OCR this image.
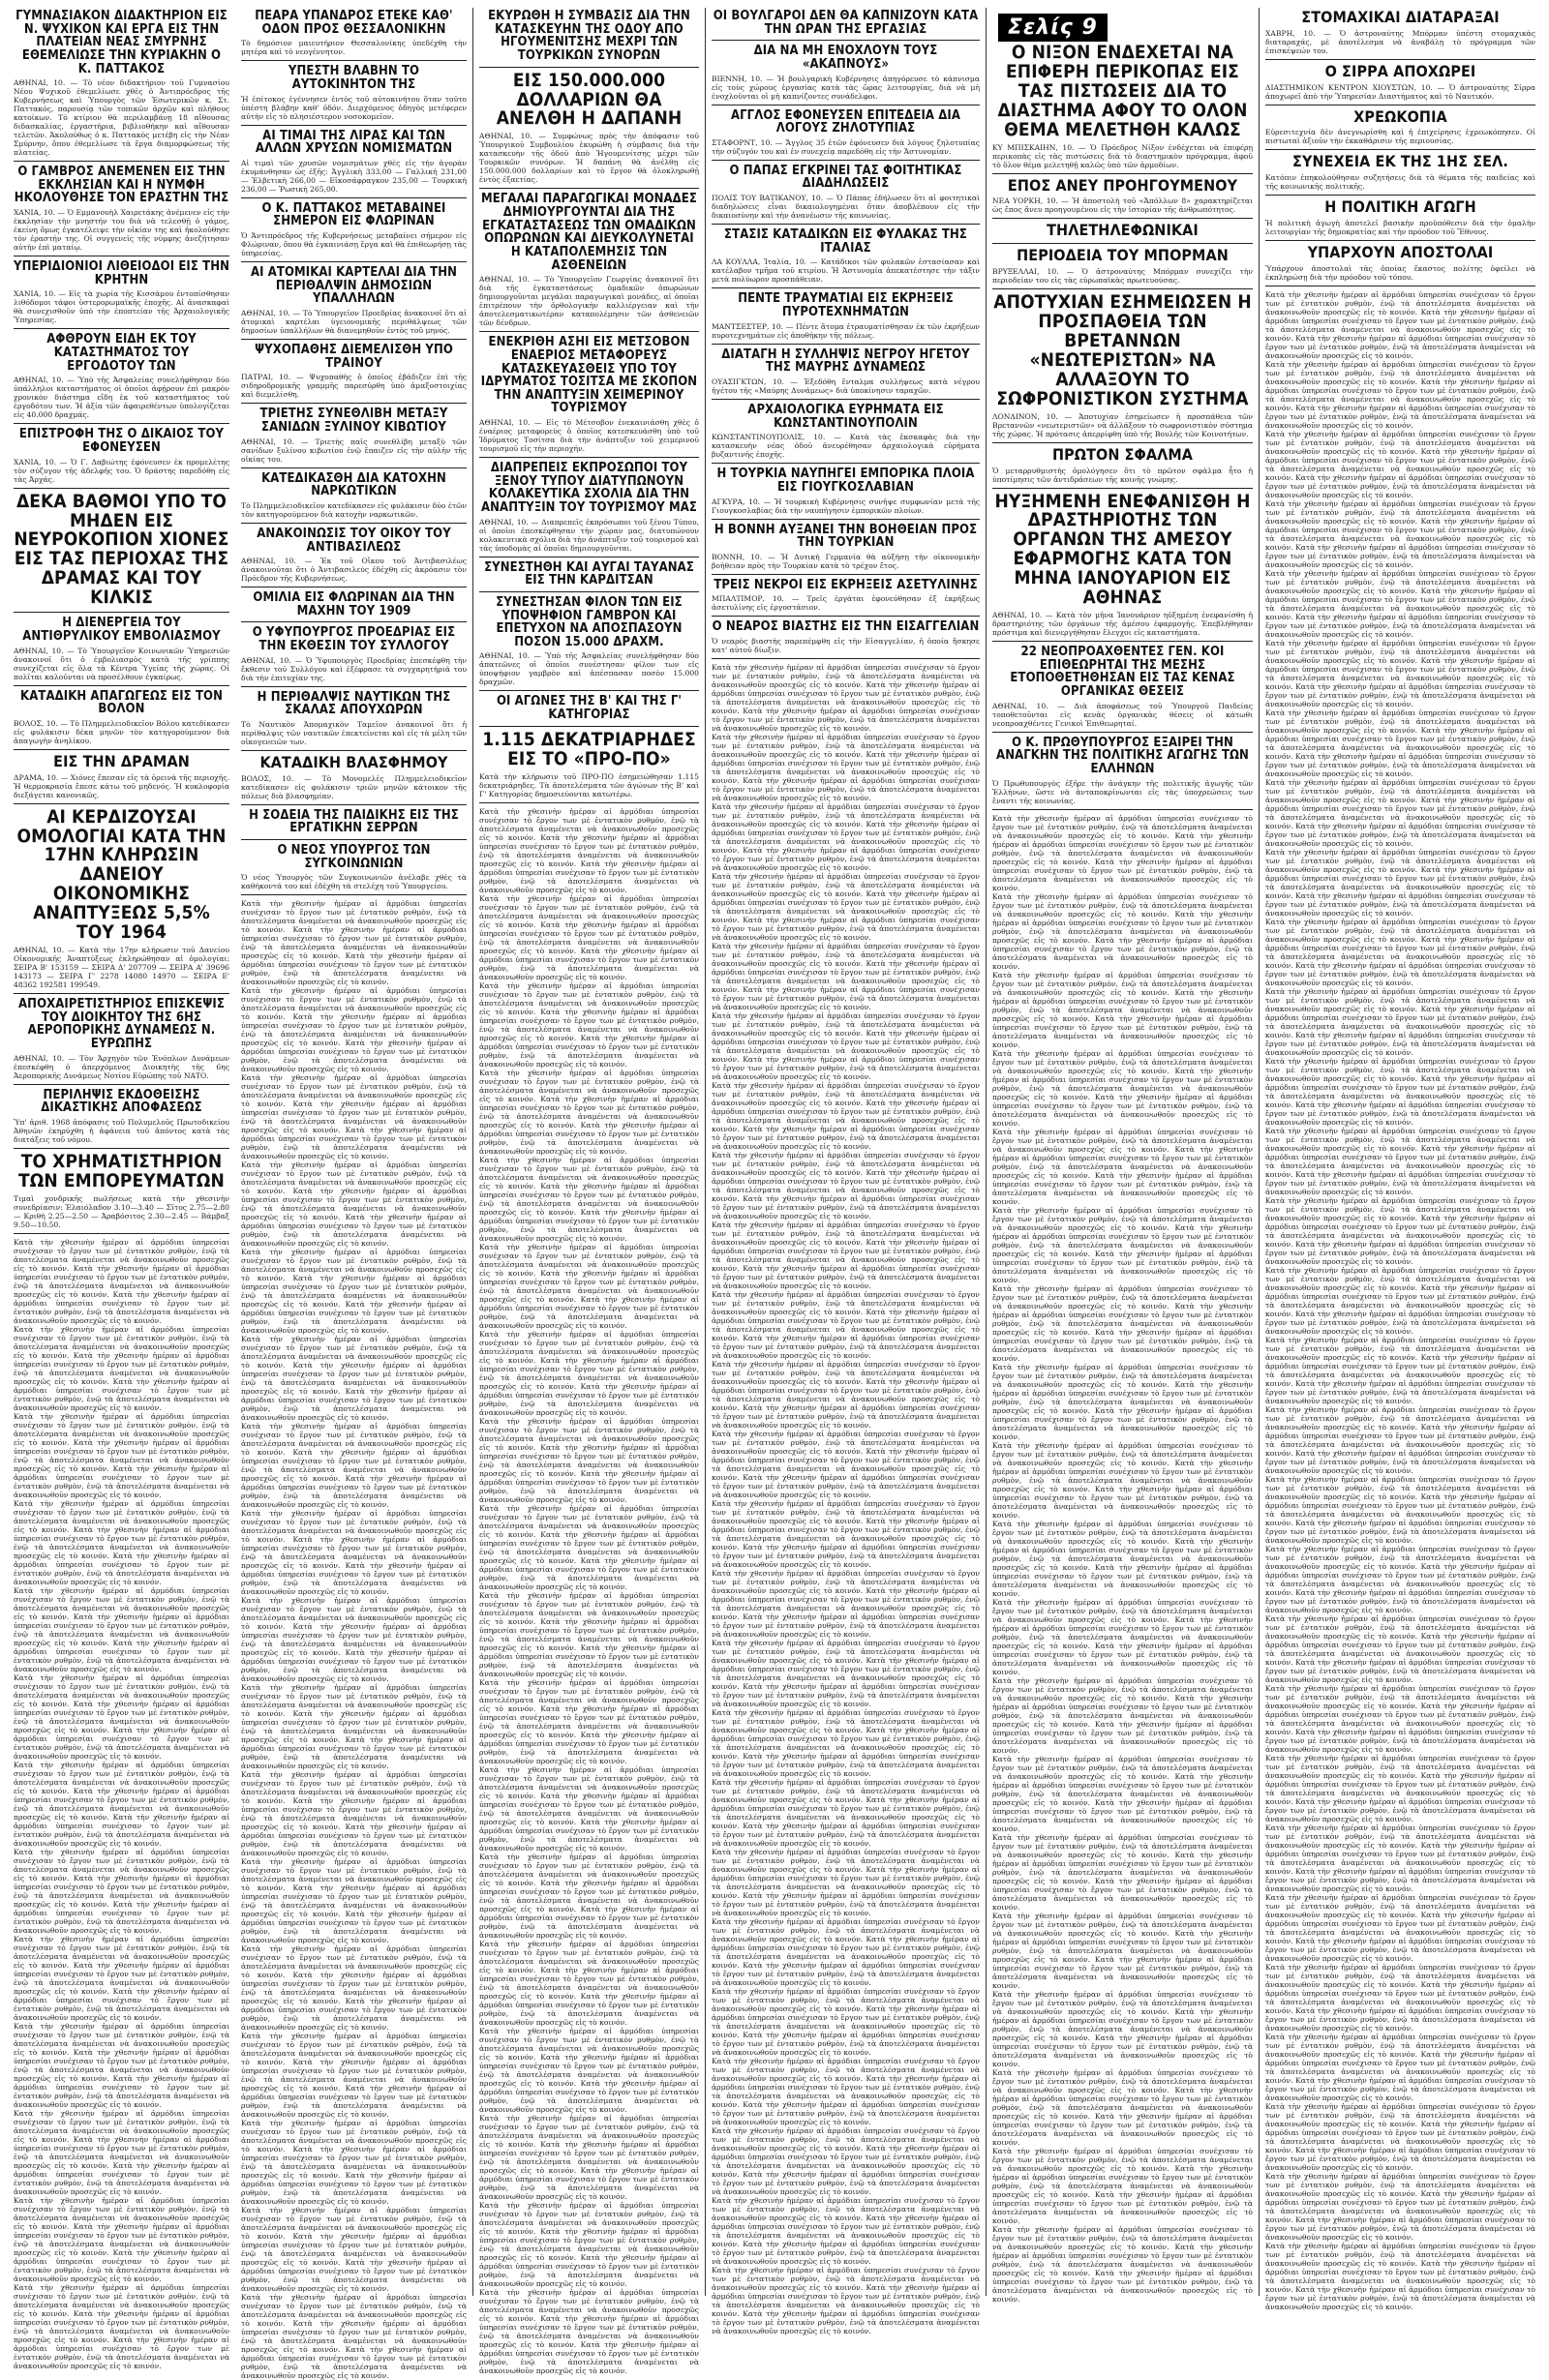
ΓΥΜΝΑΣΙΑΚΟΝ ΔΙΔΑΚΤΗΡΙΟΝ ΕΙΣ Ν. ΨΥΧΙΚΟΝ ΚΑΙ ΕΡΓΑ ΕΙΣ ΤΗΝ ΠΛΑΤΕΙΑΝ ΝΕΑΣ ΣΜΥΡΝΗΣ ΕΘΕΜΕΛΙΩΣΕ ΤΗΝ ΚΥΡΙΑΚΗΝ Ο Κ. ΠΑΤΤΑΚΟΣ

ΑΘΗΝΑΙ, 10. — Τὸ νέον διδακτήριον τοῦ Γυμνασίου Νέου Ψυχικοῦ ἐθεμελίωσε χθὲς ὁ Ἀντιπρόεδρος τῆς Κυβερνήσεως καὶ Ὑπουργὸς τῶν Ἐσωτερικῶν κ. Στ. Παττακός, παρουσίᾳ τῶν τοπικῶν ἀρχῶν καὶ πλήθους κατοίκων. Τὸ κτίριον θὰ περιλαμβάνῃ 18 αἴθουσας διδασκαλίας, ἐργαστήρια, βιβλιοθήκην καὶ αἴθουσαν τελετῶν. Ἀκολούθως ὁ κ. Παττακὸς μετέβη εἰς τὴν Νέαν Σμύρνην, ὅπου ἐθεμελίωσε τὰ ἔργα διαμορφώσεως τῆς πλατείας.

Ο ΓΑΜΒΡΟΣ ΑΝΕΜΕΝΕΝ ΕΙΣ ΤΗΝ ΕΚΚΛΗΣΙΑΝ ΚΑΙ Η ΝΥΜΦΗ ΗΚΟΛΟΥΘΗΣΕ ΤΟΝ ΕΡΑΣΤΗΝ ΤΗΣ

ΧΑΝΙΑ, 10. — Ὁ Εμμανουὴλ Χαιρετάκης ἀνέμενεν εἰς τὴν ἐκκλησίαν τὴν μνηστήν του διὰ νὰ τελεσθῇ ὁ γάμος, ἐκείνη ὅμως ἐγκατέλειψε τὴν οἰκίαν της καὶ ἠκολούθησε τὸν ἐραστήν της. Οἱ συγγενεῖς τῆς νύμφης ἀνεζήτησαν αὐτὴν ἐπὶ ματαίῳ.

ΥΠΕΡΙΔΙΟΝΙΟΙ ΛΙΘΕΙΟΔΟΙ ΕΙΣ ΤΗΝ ΚΡΗΤΗΝ

ΧΑΝΙΑ, 10. — Εἰς τὰ χωρία τῆς Κισσάμου ἐντοπίσθησαν λιθόδομοι τάφοι ὑστερορωμαϊκῆς ἐποχῆς. Αἱ ἀνασκαφαὶ θὰ συνεχισθοῦν ὑπὸ τὴν ἐποπτείαν τῆς Ἀρχαιολογικῆς Ὑπηρεσίας.

ΑΦΘΡΟΥΝ ΕΙΔΗ ΕΚ ΤΟΥ ΚΑΤΑΣΤΗΜΑΤΟΣ ΤΟΥ ΕΡΓΟΔΟΤΟΥ ΤΩΝ

ΑΘΗΝΑΙ, 10. — Ὑπὸ τῆς Ἀσφαλείας συνελήφθησαν δύο ὑπάλληλοι καταστήματος οἱ ὁποῖοι ἀφῄρουν ἐπὶ μακρὸν χρονικὸν διάστημα εἴδη ἐκ τοῦ καταστήματος τοῦ ἐργοδότου των. Ἡ ἀξία τῶν ἀφαιρεθέντων ὑπολογίζεται εἰς 40.000 δραχμάς.

ΕΠΙΣΤΡΟΦΗ ΤΗΣ Ο ΔΙΚΑΙΟΣ ΤΟΥ ΕΦΟΝΕΥΣΕΝ

ΧΑΝΙΑ, 10. — Ὁ Γ. Δαβιώτης ἐφόνευσεν ἐκ προμελέτης τὸν σύζυγον τῆς ἀδελφῆς του. Ὁ δράστης παρεδόθη εἰς τὰς Ἀρχάς.

ΔΕΚΑ ΒΑΘΜΟΙ ΥΠΟ ΤΟ ΜΗΔΕΝ ΕΙΣ ΝΕΥΡΟΚΟΠΙΟΝ ΧΙΟΝΕΣ ΕΙΣ ΤΑΣ ΠΕΡΙΟΧΑΣ ΤΗΣ ΔΡΑΜΑΣ ΚΑΙ ΤΟΥ ΚΙΛΚΙΣ
Η ΔΙΕΝΕΡΓΕΙΑ ΤΟΥ ΑΝΤΙΘΡΥΛΙΚΟΥ ΕΜΒΟΛΙΑΣΜΟΥ

ΑΘΗΝΑΙ, 10. — Τὸ Ὑπουργεῖον Κοινωνικῶν Ὑπηρεσιῶν ἀνακοινοῖ ὅτι ὁ ἐμβολιασμὸς κατὰ τῆς γρίππης συνεχίζεται εἰς ὅλα τὰ Κέντρα Ὑγείας τῆς χώρας. Οἱ πολῖται καλοῦνται νὰ προσέλθουν ἐγκαίρως.

ΚΑΤΑΔΙΚΗ ΑΠΑΓΩΓΕΩΣ ΕΙΣ ΤΟΝ ΒΟΛΟΝ

ΒΟΛΟΣ, 10. — Τὸ Πλημμελειοδικεῖον Βόλου κατεδίκασεν εἰς φυλάκισιν δέκα μηνῶν τὸν κατηγορούμενον διὰ ἀπαγωγὴν ἀνηλίκου.

ΕΙΣ ΤΗΝ ΔΡΑΜΑΝ

ΔΡΑΜΑ, 10. — Χιόνες ἔπεσαν εἰς τὰ ὀρεινὰ τῆς περιοχῆς. Ἡ θερμοκρασία ἔπεσε κάτω τοῦ μηδενός. Ἡ κυκλοφορία διεξάγεται κανονικῶς.

ΑΙ ΚΕΡΔΙΖΟΥΣΑΙ ΟΜΟΛΟΓΙΑΙ ΚΑΤΑ ΤΗΝ 17ΗΝ ΚΛΗΡΩΣΙΝ ΔΑΝΕΙΟΥ ΟΙΚΟΝΟΜΙΚΗΣ ΑΝΑΠΤΥΞΕΩΣ 5,5% ΤΟΥ 1964

ΑΘΗΝΑΙ, 10. — Κατὰ τὴν 17ην κλήρωσιν τοῦ Δανείου Οἰκονομικῆς Ἀναπτύξεως ἐκληρώθησαν αἱ ὁμολογίαι: ΣΕΙΡΑ Β' 153159 — ΣΕΙΡΑ Δ' 207709 — ΣΕΙΡΑ Α' 39696 143173 — ΣΕΙΡΑ Γ' 2278 14080 14970 — ΣΕΙΡΑ Ε' 48362 192581 199549.

ΑΠΟΧΑΙΡΕΤΙΣΤΗΡΙΟΣ ΕΠΙΣΚΕΨΙΣ ΤΟΥ ΔΙΟΙΚΗΤΟΥ ΤΗΣ 6ΗΣ ΑΕΡΟΠΟΡΙΚΗΣ ΔΥΝΑΜΕΩΣ Ν. ΕΥΡΩΠΗΣ

ΑΘΗΝΑΙ, 10. — Τὸν Ἀρχηγὸν τῶν Ἐνόπλων Δυνάμεων ἐπεσκέφθη ὁ ἀπερχόμενος Διοικητὴς τῆς 6ης Ἀεροπορικῆς Δυνάμεως Νοτίου Εὐρώπης τοῦ ΝΑΤΟ.

ΠΕΡΙΛΗΨΙΣ ΕΚΔΟΘΕΙΣΗΣ ΔΙΚΑΣΤΙΚΗΣ ΑΠΟΦΑΣΕΩΣ

Ὑπ' ἀριθ. 1968 ἀπόφασις τοῦ Πολυμελοῦς Πρωτοδικείου Ἀθηνῶν ἐκηρύχθη ἡ ἀφάνεια τοῦ ἀπόντος κατὰ τὰς διατάξεις τοῦ νόμου.

ΤΟ ΧΡΗΜΑΤΙΣΤΗΡΙΟΝ ΤΩΝ ΕΜΠΟΡΕΥΜΑΤΩΝ

Τιμαὶ χονδρικῆς πωλήσεως κατὰ τὴν χθεσινὴν συνεδρίασιν: Ἐλαιόλαδον 3.10—3.40 — Σῖτος 2.75—2.80 — Κριθὴ 2.25—2.50 — Ἀραβόσιτος 2.30—2.45 — Βάμβαξ 9.50—10.50.

Κατὰ τὴν χθεσινὴν ἡμέραν αἱ ἁρμόδιαι ὑπηρεσίαι συνέχισαν τὸ ἔργον των μὲ ἐντατικὸν ρυθμὸν, ἐνῷ τὰ ἀποτελέσματα ἀναμένεται νὰ ἀνακοινωθοῦν προσεχῶς εἰς τὸ κοινόν. Κατὰ τὴν χθεσινὴν ἡμέραν αἱ ἁρμόδιαι ὑπηρεσίαι συνέχισαν τὸ ἔργον των μὲ ἐντατικὸν ρυθμὸν, ἐνῷ τὰ ἀποτελέσματα ἀναμένεται νὰ ἀνακοινωθοῦν προσεχῶς εἰς τὸ κοινόν. Κατὰ τὴν χθεσινὴν ἡμέραν αἱ ἁρμόδιαι ὑπηρεσίαι συνέχισαν τὸ ἔργον των μὲ ἐντατικὸν ρυθμὸν, ἐνῷ τὰ ἀποτελέσματα ἀναμένεται νὰ ἀνακοινωθοῦν προσεχῶς εἰς τὸ κοινόν.

Κατὰ τὴν χθεσινὴν ἡμέραν αἱ ἁρμόδιαι ὑπηρεσίαι συνέχισαν τὸ ἔργον των μὲ ἐντατικὸν ρυθμὸν, ἐνῷ τὰ ἀποτελέσματα ἀναμένεται νὰ ἀνακοινωθοῦν προσεχῶς εἰς τὸ κοινόν. Κατὰ τὴν χθεσινὴν ἡμέραν αἱ ἁρμόδιαι ὑπηρεσίαι συνέχισαν τὸ ἔργον των μὲ ἐντατικὸν ρυθμὸν, ἐνῷ τὰ ἀποτελέσματα ἀναμένεται νὰ ἀνακοινωθοῦν προσεχῶς εἰς τὸ κοινόν. Κατὰ τὴν χθεσινὴν ἡμέραν αἱ ἁρμόδιαι ὑπηρεσίαι συνέχισαν τὸ ἔργον των μὲ ἐντατικὸν ρυθμὸν, ἐνῷ τὰ ἀποτελέσματα ἀναμένεται νὰ ἀνακοινωθοῦν προσεχῶς εἰς τὸ κοινόν.

Κατὰ τὴν χθεσινὴν ἡμέραν αἱ ἁρμόδιαι ὑπηρεσίαι συνέχισαν τὸ ἔργον των μὲ ἐντατικὸν ρυθμὸν, ἐνῷ τὰ ἀποτελέσματα ἀναμένεται νὰ ἀνακοινωθοῦν προσεχῶς εἰς τὸ κοινόν. Κατὰ τὴν χθεσινὴν ἡμέραν αἱ ἁρμόδιαι ὑπηρεσίαι συνέχισαν τὸ ἔργον των μὲ ἐντατικὸν ρυθμὸν, ἐνῷ τὰ ἀποτελέσματα ἀναμένεται νὰ ἀνακοινωθοῦν προσεχῶς εἰς τὸ κοινόν. Κατὰ τὴν χθεσινὴν ἡμέραν αἱ ἁρμόδιαι ὑπηρεσίαι συνέχισαν τὸ ἔργον των μὲ ἐντατικὸν ρυθμὸν, ἐνῷ τὰ ἀποτελέσματα ἀναμένεται νὰ ἀνακοινωθοῦν προσεχῶς εἰς τὸ κοινόν.

Κατὰ τὴν χθεσινὴν ἡμέραν αἱ ἁρμόδιαι ὑπηρεσίαι συνέχισαν τὸ ἔργον των μὲ ἐντατικὸν ρυθμὸν, ἐνῷ τὰ ἀποτελέσματα ἀναμένεται νὰ ἀνακοινωθοῦν προσεχῶς εἰς τὸ κοινόν. Κατὰ τὴν χθεσινὴν ἡμέραν αἱ ἁρμόδιαι ὑπηρεσίαι συνέχισαν τὸ ἔργον των μὲ ἐντατικὸν ρυθμὸν, ἐνῷ τὰ ἀποτελέσματα ἀναμένεται νὰ ἀνακοινωθοῦν προσεχῶς εἰς τὸ κοινόν. Κατὰ τὴν χθεσινὴν ἡμέραν αἱ ἁρμόδιαι ὑπηρεσίαι συνέχισαν τὸ ἔργον των μὲ ἐντατικὸν ρυθμὸν, ἐνῷ τὰ ἀποτελέσματα ἀναμένεται νὰ ἀνακοινωθοῦν προσεχῶς εἰς τὸ κοινόν.

Κατὰ τὴν χθεσινὴν ἡμέραν αἱ ἁρμόδιαι ὑπηρεσίαι συνέχισαν τὸ ἔργον των μὲ ἐντατικὸν ρυθμὸν, ἐνῷ τὰ ἀποτελέσματα ἀναμένεται νὰ ἀνακοινωθοῦν προσεχῶς εἰς τὸ κοινόν. Κατὰ τὴν χθεσινὴν ἡμέραν αἱ ἁρμόδιαι ὑπηρεσίαι συνέχισαν τὸ ἔργον των μὲ ἐντατικὸν ρυθμὸν, ἐνῷ τὰ ἀποτελέσματα ἀναμένεται νὰ ἀνακοινωθοῦν προσεχῶς εἰς τὸ κοινόν. Κατὰ τὴν χθεσινὴν ἡμέραν αἱ ἁρμόδιαι ὑπηρεσίαι συνέχισαν τὸ ἔργον των μὲ ἐντατικὸν ρυθμὸν, ἐνῷ τὰ ἀποτελέσματα ἀναμένεται νὰ ἀνακοινωθοῦν προσεχῶς εἰς τὸ κοινόν.

Κατὰ τὴν χθεσινὴν ἡμέραν αἱ ἁρμόδιαι ὑπηρεσίαι συνέχισαν τὸ ἔργον των μὲ ἐντατικὸν ρυθμὸν, ἐνῷ τὰ ἀποτελέσματα ἀναμένεται νὰ ἀνακοινωθοῦν προσεχῶς εἰς τὸ κοινόν. Κατὰ τὴν χθεσινὴν ἡμέραν αἱ ἁρμόδιαι ὑπηρεσίαι συνέχισαν τὸ ἔργον των μὲ ἐντατικὸν ρυθμὸν, ἐνῷ τὰ ἀποτελέσματα ἀναμένεται νὰ ἀνακοινωθοῦν προσεχῶς εἰς τὸ κοινόν. Κατὰ τὴν χθεσινὴν ἡμέραν αἱ ἁρμόδιαι ὑπηρεσίαι συνέχισαν τὸ ἔργον των μὲ ἐντατικὸν ρυθμὸν, ἐνῷ τὰ ἀποτελέσματα ἀναμένεται νὰ ἀνακοινωθοῦν προσεχῶς εἰς τὸ κοινόν.

Κατὰ τὴν χθεσινὴν ἡμέραν αἱ ἁρμόδιαι ὑπηρεσίαι συνέχισαν τὸ ἔργον των μὲ ἐντατικὸν ρυθμὸν, ἐνῷ τὰ ἀποτελέσματα ἀναμένεται νὰ ἀνακοινωθοῦν προσεχῶς εἰς τὸ κοινόν. Κατὰ τὴν χθεσινὴν ἡμέραν αἱ ἁρμόδιαι ὑπηρεσίαι συνέχισαν τὸ ἔργον των μὲ ἐντατικὸν ρυθμὸν, ἐνῷ τὰ ἀποτελέσματα ἀναμένεται νὰ ἀνακοινωθοῦν προσεχῶς εἰς τὸ κοινόν. Κατὰ τὴν χθεσινὴν ἡμέραν αἱ ἁρμόδιαι ὑπηρεσίαι συνέχισαν τὸ ἔργον των μὲ ἐντατικὸν ρυθμὸν, ἐνῷ τὰ ἀποτελέσματα ἀναμένεται νὰ ἀνακοινωθοῦν προσεχῶς εἰς τὸ κοινόν.

Κατὰ τὴν χθεσινὴν ἡμέραν αἱ ἁρμόδιαι ὑπηρεσίαι συνέχισαν τὸ ἔργον των μὲ ἐντατικὸν ρυθμὸν, ἐνῷ τὰ ἀποτελέσματα ἀναμένεται νὰ ἀνακοινωθοῦν προσεχῶς εἰς τὸ κοινόν. Κατὰ τὴν χθεσινὴν ἡμέραν αἱ ἁρμόδιαι ὑπηρεσίαι συνέχισαν τὸ ἔργον των μὲ ἐντατικὸν ρυθμὸν, ἐνῷ τὰ ἀποτελέσματα ἀναμένεται νὰ ἀνακοινωθοῦν προσεχῶς εἰς τὸ κοινόν. Κατὰ τὴν χθεσινὴν ἡμέραν αἱ ἁρμόδιαι ὑπηρεσίαι συνέχισαν τὸ ἔργον των μὲ ἐντατικὸν ρυθμὸν, ἐνῷ τὰ ἀποτελέσματα ἀναμένεται νὰ ἀνακοινωθοῦν προσεχῶς εἰς τὸ κοινόν.

Κατὰ τὴν χθεσινὴν ἡμέραν αἱ ἁρμόδιαι ὑπηρεσίαι συνέχισαν τὸ ἔργον των μὲ ἐντατικὸν ρυθμὸν, ἐνῷ τὰ ἀποτελέσματα ἀναμένεται νὰ ἀνακοινωθοῦν προσεχῶς εἰς τὸ κοινόν. Κατὰ τὴν χθεσινὴν ἡμέραν αἱ ἁρμόδιαι ὑπηρεσίαι συνέχισαν τὸ ἔργον των μὲ ἐντατικὸν ρυθμὸν, ἐνῷ τὰ ἀποτελέσματα ἀναμένεται νὰ ἀνακοινωθοῦν προσεχῶς εἰς τὸ κοινόν. Κατὰ τὴν χθεσινὴν ἡμέραν αἱ ἁρμόδιαι ὑπηρεσίαι συνέχισαν τὸ ἔργον των μὲ ἐντατικὸν ρυθμὸν, ἐνῷ τὰ ἀποτελέσματα ἀναμένεται νὰ ἀνακοινωθοῦν προσεχῶς εἰς τὸ κοινόν.

Κατὰ τὴν χθεσινὴν ἡμέραν αἱ ἁρμόδιαι ὑπηρεσίαι συνέχισαν τὸ ἔργον των μὲ ἐντατικὸν ρυθμὸν, ἐνῷ τὰ ἀποτελέσματα ἀναμένεται νὰ ἀνακοινωθοῦν προσεχῶς εἰς τὸ κοινόν. Κατὰ τὴν χθεσινὴν ἡμέραν αἱ ἁρμόδιαι ὑπηρεσίαι συνέχισαν τὸ ἔργον των μὲ ἐντατικὸν ρυθμὸν, ἐνῷ τὰ ἀποτελέσματα ἀναμένεται νὰ ἀνακοινωθοῦν προσεχῶς εἰς τὸ κοινόν. Κατὰ τὴν χθεσινὴν ἡμέραν αἱ ἁρμόδιαι ὑπηρεσίαι συνέχισαν τὸ ἔργον των μὲ ἐντατικὸν ρυθμὸν, ἐνῷ τὰ ἀποτελέσματα ἀναμένεται νὰ ἀνακοινωθοῦν προσεχῶς εἰς τὸ κοινόν.

Κατὰ τὴν χθεσινὴν ἡμέραν αἱ ἁρμόδιαι ὑπηρεσίαι συνέχισαν τὸ ἔργον των μὲ ἐντατικὸν ρυθμὸν, ἐνῷ τὰ ἀποτελέσματα ἀναμένεται νὰ ἀνακοινωθοῦν προσεχῶς εἰς τὸ κοινόν. Κατὰ τὴν χθεσινὴν ἡμέραν αἱ ἁρμόδιαι ὑπηρεσίαι συνέχισαν τὸ ἔργον των μὲ ἐντατικὸν ρυθμὸν, ἐνῷ τὰ ἀποτελέσματα ἀναμένεται νὰ ἀνακοινωθοῦν προσεχῶς εἰς τὸ κοινόν. Κατὰ τὴν χθεσινὴν ἡμέραν αἱ ἁρμόδιαι ὑπηρεσίαι συνέχισαν τὸ ἔργον των μὲ ἐντατικὸν ρυθμὸν, ἐνῷ τὰ ἀποτελέσματα ἀναμένεται νὰ ἀνακοινωθοῦν προσεχῶς εἰς τὸ κοινόν.

Κατὰ τὴν χθεσινὴν ἡμέραν αἱ ἁρμόδιαι ὑπηρεσίαι συνέχισαν τὸ ἔργον των μὲ ἐντατικὸν ρυθμὸν, ἐνῷ τὰ ἀποτελέσματα ἀναμένεται νὰ ἀνακοινωθοῦν προσεχῶς εἰς τὸ κοινόν. Κατὰ τὴν χθεσινὴν ἡμέραν αἱ ἁρμόδιαι ὑπηρεσίαι συνέχισαν τὸ ἔργον των μὲ ἐντατικὸν ρυθμὸν, ἐνῷ τὰ ἀποτελέσματα ἀναμένεται νὰ ἀνακοινωθοῦν προσεχῶς εἰς τὸ κοινόν. Κατὰ τὴν χθεσινὴν ἡμέραν αἱ ἁρμόδιαι ὑπηρεσίαι συνέχισαν τὸ ἔργον των μὲ ἐντατικὸν ρυθμὸν, ἐνῷ τὰ ἀποτελέσματα ἀναμένεται νὰ ἀνακοινωθοῦν προσεχῶς εἰς τὸ κοινόν.

Κατὰ τὴν χθεσινὴν ἡμέραν αἱ ἁρμόδιαι ὑπηρεσίαι συνέχισαν τὸ ἔργον των μὲ ἐντατικὸν ρυθμὸν, ἐνῷ τὰ ἀποτελέσματα ἀναμένεται νὰ ἀνακοινωθοῦν προσεχῶς εἰς τὸ κοινόν. Κατὰ τὴν χθεσινὴν ἡμέραν αἱ ἁρμόδιαι ὑπηρεσίαι συνέχισαν τὸ ἔργον των μὲ ἐντατικὸν ρυθμὸν, ἐνῷ τὰ ἀποτελέσματα ἀναμένεται νὰ ἀνακοινωθοῦν προσεχῶς εἰς τὸ κοινόν. Κατὰ τὴν χθεσινὴν ἡμέραν αἱ ἁρμόδιαι ὑπηρεσίαι συνέχισαν τὸ ἔργον των μὲ ἐντατικὸν ρυθμὸν, ἐνῷ τὰ ἀποτελέσματα ἀναμένεται νὰ ἀνακοινωθοῦν προσεχῶς εἰς τὸ κοινόν.

ΠΕΑΡΑ ΥΠΑΝΔΡΟΣ ΕΤΕΚΕ ΚΑΘ' ΟΔΟΝ ΠΡΟΣ ΘΕΣΣΑΛΟΝΙΚΗΝ

Τὸ δημόσιον μαιευτήριον Θεσσαλονίκης ὑπεδέχθη τὴν μητέρα καὶ τὸ νεογέννητον.

ΥΠΕΣΤΗ ΒΛΑΒΗΝ ΤΟ ΑΥΤΟΚΙΝΗΤΟΝ ΤΗΣ

Ἡ ἐπίτοκος ἐγέννησεν ἐντὸς τοῦ αὐτοκινήτου ὅταν τοῦτο ὑπέστη βλάβην καθ' ὁδόν. Διερχόμενος ὁδηγὸς μετέφερεν αὐτὴν εἰς τὸ πλησιέστερον νοσοκομεῖον.

ΑΙ ΤΙΜΑΙ ΤΗΣ ΛΙΡΑΣ ΚΑΙ ΤΩΝ ΑΛΛΩΝ ΧΡΥΣΩΝ ΝΟΜΙΣΜΑΤΩΝ

Αἱ τιμαὶ τῶν χρυσῶν νομισμάτων χθὲς εἰς τὴν ἀγορὰν ἐκυμάνθησαν ὡς ἑξῆς: Ἀγγλικὴ 333,00 — Γαλλικὴ 231,00 — Ἑλβετικὴ 266,00 — Εἰκοσάφραγκον 235,00 — Τουρκικὴ 236,00 — Ῥωσικὴ 265,00.

Ο Κ. ΠΑΤΤΑΚΟΣ ΜΕΤΑΒΑΙΝΕΙ ΣΗΜΕΡΟΝ ΕΙΣ ΦΛΩΡΙΝΑΝ

Ὁ Ἀντιπρόεδρος τῆς Κυβερνήσεως μεταβαίνει σήμερον εἰς Φλώριναν, ὅπου θὰ ἐγκαινιάσῃ ἔργα καὶ θὰ ἐπιθεωρήσῃ τὰς ὑπηρεσίας.

ΑΙ ΑΤΟΜΙΚΑΙ ΚΑΡΤΕΛΑΙ ΔΙΑ ΤΗΝ ΠΕΡΙΘΑΛΨΙΝ ΔΗΜΟΣΙΩΝ ΥΠΑΛΛΗΛΩΝ

ΑΘΗΝΑΙ, 10. — Τὸ Ὑπουργεῖον Προεδρίας ἀνακοινοῖ ὅτι αἱ ἀτομικαὶ καρτέλαι ὑγειονομικῆς περιθάλψεως τῶν δημοσίων ὑπαλλήλων θὰ διανεμηθοῦν ἐντὸς τοῦ μηνός.

ΨΥΧΟΠΑΘΗΣ ΔΙΕΜΕΛΙΣΘΗ ΥΠΟ ΤΡΑΙΝΟΥ

ΠΑΤΡΑΙ, 10. — Ψυχοπαθὴς ὁ ὁποῖος ἐβάδιζεν ἐπὶ τῆς σιδηροδρομικῆς γραμμῆς παρεσύρθη ὑπὸ ἀμαξοστοιχίας καὶ διεμελίσθη.

ΤΡΙΕΤΗΣ ΣΥΝΕΘΛΙΒΗ ΜΕΤΑΞΥ ΣΑΝΙΔΩΝ ΞΥΛΙΝΟΥ ΚΙΒΩΤΙΟΥ

ΑΘΗΝΑΙ, 10. — Τριετὴς παῖς συνεθλίβη μεταξὺ τῶν σανίδων ξυλίνου κιβωτίου ἐνῷ ἔπαιζεν εἰς τὴν αὐλὴν τῆς οἰκίας του.

ΚΑΤΕΔΙΚΑΣΘΗ ΔΙΑ ΚΑΤΟΧΗΝ ΝΑΡΚΩΤΙΚΩΝ

Τὸ Πλημμελειοδικεῖον κατεδίκασεν εἰς φυλάκισιν δύο ἐτῶν τὸν κατηγορούμενον διὰ κατοχὴν ναρκωτικῶν.

ΑΝΑΚΟΙΝΩΣΙΣ ΤΟΥ ΟΙΚΟΥ ΤΟΥ ΑΝΤΙΒΑΣΙΛΕΩΣ

ΑΘΗΝΑΙ, 10. — Ἐκ τοῦ Οἴκου τοῦ Ἀντιβασιλέως ἀνακοινοῦται ὅτι ὁ Ἀντιβασιλεὺς ἐδέχθη εἰς ἀκρόασιν τὸν Πρόεδρον τῆς Κυβερνήσεως.

ΟΜΙΛΙΑ ΕΙΣ ΦΛΩΡΙΝΑΝ ΔΙΑ ΤΗΝ ΜΑΧΗΝ ΤΟΥ 1909
Ο ΥΦΥΠΟΥΡΓΟΣ ΠΡΟΕΔΡΙΑΣ ΕΙΣ ΤΗΝ ΕΚΘΕΣΙΝ ΤΟΥ ΣΥΛΛΟΓΟΥ

ΑΘΗΝΑΙ, 10. — Ὁ Ὑφυπουργὸς Προεδρίας ἐπεσκέφθη τὴν ἔκθεσιν τοῦ Συλλόγου καὶ ἐξέφρασε τὰ συγχαρητήριά του διὰ τὴν ἐπιτυχίαν της.

Η ΠΕΡΙΘΑΛΨΙΣ ΝΑΥΤΙΚΩΝ ΤΗΣ ΣΚΑΛΑΣ ΑΠΟΥΧΩΡΩΝ

Τὸ Ναυτικὸν Ἀπομαχικὸν Ταμεῖον ἀνακοινοῖ ὅτι ἡ περίθαλψις τῶν ναυτικῶν ἐπεκτείνεται καὶ εἰς τὰ μέλη τῶν οἰκογενειῶν των.

ΚΑΤΑΔΙΚΗ ΒΛΑΣΦΗΜΟΥ

ΒΟΛΟΣ, 10. — Τὸ Μονομελὲς Πλημμελειοδικεῖον κατεδίκασεν εἰς φυλάκισιν τριῶν μηνῶν κάτοικον τῆς πόλεως διὰ βλασφημίαν.

Η ΣΟΔΕΙΑ ΤΗΣ ΠΑΙΔΙΚΗΣ ΕΙΣ ΤΗΣ ΕΡΓΑΤΙΚΗΝ ΣΕΡΡΩΝ
Ο ΝΕΟΣ ΥΠΟΥΡΓΟΣ ΤΩΝ ΣΥΓΚΟΙΝΩΝΙΩΝ

Ὁ νέος Ὑπουργὸς τῶν Συγκοινωνιῶν ἀνέλαβε χθὲς τὰ καθήκοντά του καὶ ἐδέχθη τὰ στελέχη τοῦ Ὑπουργείου.

Κατὰ τὴν χθεσινὴν ἡμέραν αἱ ἁρμόδιαι ὑπηρεσίαι συνέχισαν τὸ ἔργον των μὲ ἐντατικὸν ρυθμὸν, ἐνῷ τὰ ἀποτελέσματα ἀναμένεται νὰ ἀνακοινωθοῦν προσεχῶς εἰς τὸ κοινόν. Κατὰ τὴν χθεσινὴν ἡμέραν αἱ ἁρμόδιαι ὑπηρεσίαι συνέχισαν τὸ ἔργον των μὲ ἐντατικὸν ρυθμὸν, ἐνῷ τὰ ἀποτελέσματα ἀναμένεται νὰ ἀνακοινωθοῦν προσεχῶς εἰς τὸ κοινόν. Κατὰ τὴν χθεσινὴν ἡμέραν αἱ ἁρμόδιαι ὑπηρεσίαι συνέχισαν τὸ ἔργον των μὲ ἐντατικὸν ρυθμὸν, ἐνῷ τὰ ἀποτελέσματα ἀναμένεται νὰ ἀνακοινωθοῦν προσεχῶς εἰς τὸ κοινόν.

Κατὰ τὴν χθεσινὴν ἡμέραν αἱ ἁρμόδιαι ὑπηρεσίαι συνέχισαν τὸ ἔργον των μὲ ἐντατικὸν ρυθμὸν, ἐνῷ τὰ ἀποτελέσματα ἀναμένεται νὰ ἀνακοινωθοῦν προσεχῶς εἰς τὸ κοινόν. Κατὰ τὴν χθεσινὴν ἡμέραν αἱ ἁρμόδιαι ὑπηρεσίαι συνέχισαν τὸ ἔργον των μὲ ἐντατικὸν ρυθμὸν, ἐνῷ τὰ ἀποτελέσματα ἀναμένεται νὰ ἀνακοινωθοῦν προσεχῶς εἰς τὸ κοινόν. Κατὰ τὴν χθεσινὴν ἡμέραν αἱ ἁρμόδιαι ὑπηρεσίαι συνέχισαν τὸ ἔργον των μὲ ἐντατικὸν ρυθμὸν, ἐνῷ τὰ ἀποτελέσματα ἀναμένεται νὰ ἀνακοινωθοῦν προσεχῶς εἰς τὸ κοινόν.

Κατὰ τὴν χθεσινὴν ἡμέραν αἱ ἁρμόδιαι ὑπηρεσίαι συνέχισαν τὸ ἔργον των μὲ ἐντατικὸν ρυθμὸν, ἐνῷ τὰ ἀποτελέσματα ἀναμένεται νὰ ἀνακοινωθοῦν προσεχῶς εἰς τὸ κοινόν. Κατὰ τὴν χθεσινὴν ἡμέραν αἱ ἁρμόδιαι ὑπηρεσίαι συνέχισαν τὸ ἔργον των μὲ ἐντατικὸν ρυθμὸν, ἐνῷ τὰ ἀποτελέσματα ἀναμένεται νὰ ἀνακοινωθοῦν προσεχῶς εἰς τὸ κοινόν. Κατὰ τὴν χθεσινὴν ἡμέραν αἱ ἁρμόδιαι ὑπηρεσίαι συνέχισαν τὸ ἔργον των μὲ ἐντατικὸν ρυθμὸν, ἐνῷ τὰ ἀποτελέσματα ἀναμένεται νὰ ἀνακοινωθοῦν προσεχῶς εἰς τὸ κοινόν.

Κατὰ τὴν χθεσινὴν ἡμέραν αἱ ἁρμόδιαι ὑπηρεσίαι συνέχισαν τὸ ἔργον των μὲ ἐντατικὸν ρυθμὸν, ἐνῷ τὰ ἀποτελέσματα ἀναμένεται νὰ ἀνακοινωθοῦν προσεχῶς εἰς τὸ κοινόν. Κατὰ τὴν χθεσινὴν ἡμέραν αἱ ἁρμόδιαι ὑπηρεσίαι συνέχισαν τὸ ἔργον των μὲ ἐντατικὸν ρυθμὸν, ἐνῷ τὰ ἀποτελέσματα ἀναμένεται νὰ ἀνακοινωθοῦν προσεχῶς εἰς τὸ κοινόν. Κατὰ τὴν χθεσινὴν ἡμέραν αἱ ἁρμόδιαι ὑπηρεσίαι συνέχισαν τὸ ἔργον των μὲ ἐντατικὸν ρυθμὸν, ἐνῷ τὰ ἀποτελέσματα ἀναμένεται νὰ ἀνακοινωθοῦν προσεχῶς εἰς τὸ κοινόν.

Κατὰ τὴν χθεσινὴν ἡμέραν αἱ ἁρμόδιαι ὑπηρεσίαι συνέχισαν τὸ ἔργον των μὲ ἐντατικὸν ρυθμὸν, ἐνῷ τὰ ἀποτελέσματα ἀναμένεται νὰ ἀνακοινωθοῦν προσεχῶς εἰς τὸ κοινόν. Κατὰ τὴν χθεσινὴν ἡμέραν αἱ ἁρμόδιαι ὑπηρεσίαι συνέχισαν τὸ ἔργον των μὲ ἐντατικὸν ρυθμὸν, ἐνῷ τὰ ἀποτελέσματα ἀναμένεται νὰ ἀνακοινωθοῦν προσεχῶς εἰς τὸ κοινόν. Κατὰ τὴν χθεσινὴν ἡμέραν αἱ ἁρμόδιαι ὑπηρεσίαι συνέχισαν τὸ ἔργον των μὲ ἐντατικὸν ρυθμὸν, ἐνῷ τὰ ἀποτελέσματα ἀναμένεται νὰ ἀνακοινωθοῦν προσεχῶς εἰς τὸ κοινόν.

Κατὰ τὴν χθεσινὴν ἡμέραν αἱ ἁρμόδιαι ὑπηρεσίαι συνέχισαν τὸ ἔργον των μὲ ἐντατικὸν ρυθμὸν, ἐνῷ τὰ ἀποτελέσματα ἀναμένεται νὰ ἀνακοινωθοῦν προσεχῶς εἰς τὸ κοινόν. Κατὰ τὴν χθεσινὴν ἡμέραν αἱ ἁρμόδιαι ὑπηρεσίαι συνέχισαν τὸ ἔργον των μὲ ἐντατικὸν ρυθμὸν, ἐνῷ τὰ ἀποτελέσματα ἀναμένεται νὰ ἀνακοινωθοῦν προσεχῶς εἰς τὸ κοινόν. Κατὰ τὴν χθεσινὴν ἡμέραν αἱ ἁρμόδιαι ὑπηρεσίαι συνέχισαν τὸ ἔργον των μὲ ἐντατικὸν ρυθμὸν, ἐνῷ τὰ ἀποτελέσματα ἀναμένεται νὰ ἀνακοινωθοῦν προσεχῶς εἰς τὸ κοινόν.

Κατὰ τὴν χθεσινὴν ἡμέραν αἱ ἁρμόδιαι ὑπηρεσίαι συνέχισαν τὸ ἔργον των μὲ ἐντατικὸν ρυθμὸν, ἐνῷ τὰ ἀποτελέσματα ἀναμένεται νὰ ἀνακοινωθοῦν προσεχῶς εἰς τὸ κοινόν. Κατὰ τὴν χθεσινὴν ἡμέραν αἱ ἁρμόδιαι ὑπηρεσίαι συνέχισαν τὸ ἔργον των μὲ ἐντατικὸν ρυθμὸν, ἐνῷ τὰ ἀποτελέσματα ἀναμένεται νὰ ἀνακοινωθοῦν προσεχῶς εἰς τὸ κοινόν. Κατὰ τὴν χθεσινὴν ἡμέραν αἱ ἁρμόδιαι ὑπηρεσίαι συνέχισαν τὸ ἔργον των μὲ ἐντατικὸν ρυθμὸν, ἐνῷ τὰ ἀποτελέσματα ἀναμένεται νὰ ἀνακοινωθοῦν προσεχῶς εἰς τὸ κοινόν.

Κατὰ τὴν χθεσινὴν ἡμέραν αἱ ἁρμόδιαι ὑπηρεσίαι συνέχισαν τὸ ἔργον των μὲ ἐντατικὸν ρυθμὸν, ἐνῷ τὰ ἀποτελέσματα ἀναμένεται νὰ ἀνακοινωθοῦν προσεχῶς εἰς τὸ κοινόν. Κατὰ τὴν χθεσινὴν ἡμέραν αἱ ἁρμόδιαι ὑπηρεσίαι συνέχισαν τὸ ἔργον των μὲ ἐντατικὸν ρυθμὸν, ἐνῷ τὰ ἀποτελέσματα ἀναμένεται νὰ ἀνακοινωθοῦν προσεχῶς εἰς τὸ κοινόν. Κατὰ τὴν χθεσινὴν ἡμέραν αἱ ἁρμόδιαι ὑπηρεσίαι συνέχισαν τὸ ἔργον των μὲ ἐντατικὸν ρυθμὸν, ἐνῷ τὰ ἀποτελέσματα ἀναμένεται νὰ ἀνακοινωθοῦν προσεχῶς εἰς τὸ κοινόν.

Κατὰ τὴν χθεσινὴν ἡμέραν αἱ ἁρμόδιαι ὑπηρεσίαι συνέχισαν τὸ ἔργον των μὲ ἐντατικὸν ρυθμὸν, ἐνῷ τὰ ἀποτελέσματα ἀναμένεται νὰ ἀνακοινωθοῦν προσεχῶς εἰς τὸ κοινόν. Κατὰ τὴν χθεσινὴν ἡμέραν αἱ ἁρμόδιαι ὑπηρεσίαι συνέχισαν τὸ ἔργον των μὲ ἐντατικὸν ρυθμὸν, ἐνῷ τὰ ἀποτελέσματα ἀναμένεται νὰ ἀνακοινωθοῦν προσεχῶς εἰς τὸ κοινόν. Κατὰ τὴν χθεσινὴν ἡμέραν αἱ ἁρμόδιαι ὑπηρεσίαι συνέχισαν τὸ ἔργον των μὲ ἐντατικὸν ρυθμὸν, ἐνῷ τὰ ἀποτελέσματα ἀναμένεται νὰ ἀνακοινωθοῦν προσεχῶς εἰς τὸ κοινόν.

Κατὰ τὴν χθεσινὴν ἡμέραν αἱ ἁρμόδιαι ὑπηρεσίαι συνέχισαν τὸ ἔργον των μὲ ἐντατικὸν ρυθμὸν, ἐνῷ τὰ ἀποτελέσματα ἀναμένεται νὰ ἀνακοινωθοῦν προσεχῶς εἰς τὸ κοινόν. Κατὰ τὴν χθεσινὴν ἡμέραν αἱ ἁρμόδιαι ὑπηρεσίαι συνέχισαν τὸ ἔργον των μὲ ἐντατικὸν ρυθμὸν, ἐνῷ τὰ ἀποτελέσματα ἀναμένεται νὰ ἀνακοινωθοῦν προσεχῶς εἰς τὸ κοινόν. Κατὰ τὴν χθεσινὴν ἡμέραν αἱ ἁρμόδιαι ὑπηρεσίαι συνέχισαν τὸ ἔργον των μὲ ἐντατικὸν ρυθμὸν, ἐνῷ τὰ ἀποτελέσματα ἀναμένεται νὰ ἀνακοινωθοῦν προσεχῶς εἰς τὸ κοινόν.

Κατὰ τὴν χθεσινὴν ἡμέραν αἱ ἁρμόδιαι ὑπηρεσίαι συνέχισαν τὸ ἔργον των μὲ ἐντατικὸν ρυθμὸν, ἐνῷ τὰ ἀποτελέσματα ἀναμένεται νὰ ἀνακοινωθοῦν προσεχῶς εἰς τὸ κοινόν. Κατὰ τὴν χθεσινὴν ἡμέραν αἱ ἁρμόδιαι ὑπηρεσίαι συνέχισαν τὸ ἔργον των μὲ ἐντατικὸν ρυθμὸν, ἐνῷ τὰ ἀποτελέσματα ἀναμένεται νὰ ἀνακοινωθοῦν προσεχῶς εἰς τὸ κοινόν. Κατὰ τὴν χθεσινὴν ἡμέραν αἱ ἁρμόδιαι ὑπηρεσίαι συνέχισαν τὸ ἔργον των μὲ ἐντατικὸν ρυθμὸν, ἐνῷ τὰ ἀποτελέσματα ἀναμένεται νὰ ἀνακοινωθοῦν προσεχῶς εἰς τὸ κοινόν.

Κατὰ τὴν χθεσινὴν ἡμέραν αἱ ἁρμόδιαι ὑπηρεσίαι συνέχισαν τὸ ἔργον των μὲ ἐντατικὸν ρυθμὸν, ἐνῷ τὰ ἀποτελέσματα ἀναμένεται νὰ ἀνακοινωθοῦν προσεχῶς εἰς τὸ κοινόν. Κατὰ τὴν χθεσινὴν ἡμέραν αἱ ἁρμόδιαι ὑπηρεσίαι συνέχισαν τὸ ἔργον των μὲ ἐντατικὸν ρυθμὸν, ἐνῷ τὰ ἀποτελέσματα ἀναμένεται νὰ ἀνακοινωθοῦν προσεχῶς εἰς τὸ κοινόν. Κατὰ τὴν χθεσινὴν ἡμέραν αἱ ἁρμόδιαι ὑπηρεσίαι συνέχισαν τὸ ἔργον των μὲ ἐντατικὸν ρυθμὸν, ἐνῷ τὰ ἀποτελέσματα ἀναμένεται νὰ ἀνακοινωθοῦν προσεχῶς εἰς τὸ κοινόν.

Κατὰ τὴν χθεσινὴν ἡμέραν αἱ ἁρμόδιαι ὑπηρεσίαι συνέχισαν τὸ ἔργον των μὲ ἐντατικὸν ρυθμὸν, ἐνῷ τὰ ἀποτελέσματα ἀναμένεται νὰ ἀνακοινωθοῦν προσεχῶς εἰς τὸ κοινόν. Κατὰ τὴν χθεσινὴν ἡμέραν αἱ ἁρμόδιαι ὑπηρεσίαι συνέχισαν τὸ ἔργον των μὲ ἐντατικὸν ρυθμὸν, ἐνῷ τὰ ἀποτελέσματα ἀναμένεται νὰ ἀνακοινωθοῦν προσεχῶς εἰς τὸ κοινόν. Κατὰ τὴν χθεσινὴν ἡμέραν αἱ ἁρμόδιαι ὑπηρεσίαι συνέχισαν τὸ ἔργον των μὲ ἐντατικὸν ρυθμὸν, ἐνῷ τὰ ἀποτελέσματα ἀναμένεται νὰ ἀνακοινωθοῦν προσεχῶς εἰς τὸ κοινόν.

Κατὰ τὴν χθεσινὴν ἡμέραν αἱ ἁρμόδιαι ὑπηρεσίαι συνέχισαν τὸ ἔργον των μὲ ἐντατικὸν ρυθμὸν, ἐνῷ τὰ ἀποτελέσματα ἀναμένεται νὰ ἀνακοινωθοῦν προσεχῶς εἰς τὸ κοινόν. Κατὰ τὴν χθεσινὴν ἡμέραν αἱ ἁρμόδιαι ὑπηρεσίαι συνέχισαν τὸ ἔργον των μὲ ἐντατικὸν ρυθμὸν, ἐνῷ τὰ ἀποτελέσματα ἀναμένεται νὰ ἀνακοινωθοῦν προσεχῶς εἰς τὸ κοινόν. Κατὰ τὴν χθεσινὴν ἡμέραν αἱ ἁρμόδιαι ὑπηρεσίαι συνέχισαν τὸ ἔργον των μὲ ἐντατικὸν ρυθμὸν, ἐνῷ τὰ ἀποτελέσματα ἀναμένεται νὰ ἀνακοινωθοῦν προσεχῶς εἰς τὸ κοινόν.

Κατὰ τὴν χθεσινὴν ἡμέραν αἱ ἁρμόδιαι ὑπηρεσίαι συνέχισαν τὸ ἔργον των μὲ ἐντατικὸν ρυθμὸν, ἐνῷ τὰ ἀποτελέσματα ἀναμένεται νὰ ἀνακοινωθοῦν προσεχῶς εἰς τὸ κοινόν. Κατὰ τὴν χθεσινὴν ἡμέραν αἱ ἁρμόδιαι ὑπηρεσίαι συνέχισαν τὸ ἔργον των μὲ ἐντατικὸν ρυθμὸν, ἐνῷ τὰ ἀποτελέσματα ἀναμένεται νὰ ἀνακοινωθοῦν προσεχῶς εἰς τὸ κοινόν. Κατὰ τὴν χθεσινὴν ἡμέραν αἱ ἁρμόδιαι ὑπηρεσίαι συνέχισαν τὸ ἔργον των μὲ ἐντατικὸν ρυθμὸν, ἐνῷ τὰ ἀποτελέσματα ἀναμένεται νὰ ἀνακοινωθοῦν προσεχῶς εἰς τὸ κοινόν.

Κατὰ τὴν χθεσινὴν ἡμέραν αἱ ἁρμόδιαι ὑπηρεσίαι συνέχισαν τὸ ἔργον των μὲ ἐντατικὸν ρυθμὸν, ἐνῷ τὰ ἀποτελέσματα ἀναμένεται νὰ ἀνακοινωθοῦν προσεχῶς εἰς τὸ κοινόν. Κατὰ τὴν χθεσινὴν ἡμέραν αἱ ἁρμόδιαι ὑπηρεσίαι συνέχισαν τὸ ἔργον των μὲ ἐντατικὸν ρυθμὸν, ἐνῷ τὰ ἀποτελέσματα ἀναμένεται νὰ ἀνακοινωθοῦν προσεχῶς εἰς τὸ κοινόν. Κατὰ τὴν χθεσινὴν ἡμέραν αἱ ἁρμόδιαι ὑπηρεσίαι συνέχισαν τὸ ἔργον των μὲ ἐντατικὸν ρυθμὸν, ἐνῷ τὰ ἀποτελέσματα ἀναμένεται νὰ ἀνακοινωθοῦν προσεχῶς εἰς τὸ κοινόν.

Κατὰ τὴν χθεσινὴν ἡμέραν αἱ ἁρμόδιαι ὑπηρεσίαι συνέχισαν τὸ ἔργον των μὲ ἐντατικὸν ρυθμὸν, ἐνῷ τὰ ἀποτελέσματα ἀναμένεται νὰ ἀνακοινωθοῦν προσεχῶς εἰς τὸ κοινόν. Κατὰ τὴν χθεσινὴν ἡμέραν αἱ ἁρμόδιαι ὑπηρεσίαι συνέχισαν τὸ ἔργον των μὲ ἐντατικὸν ρυθμὸν, ἐνῷ τὰ ἀποτελέσματα ἀναμένεται νὰ ἀνακοινωθοῦν προσεχῶς εἰς τὸ κοινόν. Κατὰ τὴν χθεσινὴν ἡμέραν αἱ ἁρμόδιαι ὑπηρεσίαι συνέχισαν τὸ ἔργον των μὲ ἐντατικὸν ρυθμὸν, ἐνῷ τὰ ἀποτελέσματα ἀναμένεται νὰ ἀνακοινωθοῦν προσεχῶς εἰς τὸ κοινόν.

ΕΚΥΡΩΘΗ Η ΣΥΜΒΑΣΙΣ ΔΙΑ ΤΗΝ ΚΑΤΑΣΚΕΥΗΝ ΤΗΣ ΟΔΟΥ ΑΠΟ ΗΓΟΥΜΕΝΙΤΣΗΣ ΜΕΧΡΙ ΤΩΝ ΤΟΥΡΚΙΚΩΝ ΣΥΝΟΡΩΝ
ΕΙΣ 150.000.000 ΔΟΛΛΑΡΙΩΝ ΘΑ ΑΝΕΛΘΗ Η ΔΑΠΑΝΗ

ΑΘΗΝΑΙ, 10. — Συμφώνως πρὸς τὴν ἀπόφασιν τοῦ Ὑπουργικοῦ Συμβουλίου ἐκυρώθη ἡ σύμβασις διὰ τὴν κατασκευὴν τῆς ὁδοῦ ἀπὸ Ἡγουμενίτσης μέχρι τῶν Τουρκικῶν συνόρων. Ἡ δαπάνη θὰ ἀνέλθῃ εἰς 150.000.000 δολλαρίων καὶ τὸ ἔργον θὰ ὁλοκληρωθῇ ἐντὸς ἑξαετίας.

ΜΕΓΑΛΑΙ ΠΑΡΑΓΩΓΙΚΑΙ ΜΟΝΑΔΕΣ ΔΗΜΙΟΥΡΓΟΥΝΤΑΙ ΔΙΑ ΤΗΣ ΕΓΚΑΤΑΣΤΑΣΕΩΣ ΤΩΝ ΟΜΑΔΙΚΩΝ ΟΠΩΡΩΝΩΝ ΚΑΙ ΔΙΕΥΚΟΛΥΝΕΤΑΙ Η ΚΑΤΑΠΟΛΕΜΗΣΙΣ ΤΩΝ ΑΣΘΕΝΕΙΩΝ

ΑΘΗΝΑΙ, 10. — Τὸ Ὑπουργεῖον Γεωργίας ἀνακοινοῖ ὅτι διὰ τῆς ἐγκαταστάσεως ὁμαδικῶν ὀπωρώνων δημιουργοῦνται μεγάλαι παραγωγικαὶ μονάδες, αἱ ὁποῖαι ἐπιτρέπουν τὴν ὀρθολογικὴν καλλιέργειαν καὶ τὴν ἀποτελεσματικωτέραν καταπολέμησιν τῶν ἀσθενειῶν τῶν δένδρων.

ΕΝΕΚΡΙΘΗ ΑΣΗΙ ΕΙΣ ΜΕΤΣΟΒΟΝ ΕΝΑΕΡΙΟΣ ΜΕΤΑΦΟΡΕΥΣ ΚΑΤΑΣΚΕΥΑΣΘΕΙΣ ΥΠΟ ΤΟΥ ΙΔΡΥΜΑΤΟΣ ΤΟΣΙΤΣΑ ΜΕ ΣΚΟΠΟΝ ΤΗΝ ΑΝΑΠΤΥΞΙΝ ΧΕΙΜΕΡΙΝΟΥ ΤΟΥΡΙΣΜΟΥ

ΑΘΗΝΑΙ, 10. — Εἰς τὸ Μέτσοβον ἐνεκαινιάσθη χθὲς ὁ ἐναέριος μεταφορεὺς ὁ ὁποῖος κατεσκευάσθη ὑπὸ τοῦ Ἱδρύματος Τοσίτσα διὰ τὴν ἀνάπτυξιν τοῦ χειμερινοῦ τουρισμοῦ εἰς τὴν περιοχήν.

ΔΙΑΠΡΕΠΕΙΣ ΕΚΠΡΟΣΩΠΟΙ ΤΟΥ ΞΕΝΟΥ ΤΥΠΟΥ ΔΙΑΤΥΠΩΝΟΥΝ ΚΟΛΑΚΕΥΤΙΚΑ ΣΧΟΛΙΑ ΔΙΑ ΤΗΝ ΑΝΑΠΤΥΞΙΝ ΤΟΥ ΤΟΥΡΙΣΜΟΥ ΜΑΣ

ΑΘΗΝΑΙ, 10. — Διαπρεπεῖς ἐκπρόσωποι τοῦ ξένου Τύπου, οἱ ὁποῖοι ἐπεσκέφθησαν τὴν χώραν μας, διατυπώνουν κολακευτικὰ σχόλια διὰ τὴν ἀνάπτυξιν τοῦ τουρισμοῦ καὶ τὰς ὑποδομὰς αἱ ὁποῖαι δημιουργοῦνται.

ΣΥΝΕΣΤΗΘΗ ΚΑΙ ΑΥΓΑΙ ΤΑΥΑΝΑΣ ΕΙΣ ΤΗΝ ΚΑΡΔΙΤΣΑΝ
ΣΥΝΕΣΤΗΣΑΝ ΦΙΛΟΝ ΤΩΝ ΕΙΣ ΥΠΟΨΗΦΙΟΝ ΓΑΜΒΡΟΝ ΚΑΙ ΕΠΕΤΥΧΟΝ ΝΑ ΑΠΟΣΠΑΣΟΥΝ ΠΟΣΟΝ 15.000 ΔΡΑΧΜ.

ΑΘΗΝΑΙ, 10. — Ὑπὸ τῆς Ἀσφαλείας συνελήφθησαν δύο ἀπατεῶνες οἱ ὁποῖοι συνέστησαν φίλον των εἰς ὑποψήφιον γαμβρὸν καὶ ἀπέσπασαν ποσὸν 15.000 δραχμῶν.

ΟΙ ΑΓΩΝΕΣ ΤΗΣ Β' ΚΑΙ ΤΗΣ Γ' ΚΑΤΗΓΟΡΙΑΣ
1.115 ΔΕΚΑΤΡΙΑΡΗΔΕΣ ΕΙΣ ΤΟ «ΠΡΟ-ΠΟ»

Κατὰ τὴν κλήρωσιν τοῦ ΠΡΟ-ΠΟ ἐσημειώθησαν 1.115 δεκατριάρηδες. Τὰ ἀποτελέσματα τῶν ἀγώνων τῆς Β' καὶ Γ' Κατηγορίας δημοσιεύονται κατωτέρω.

Κατὰ τὴν χθεσινὴν ἡμέραν αἱ ἁρμόδιαι ὑπηρεσίαι συνέχισαν τὸ ἔργον των μὲ ἐντατικὸν ρυθμὸν, ἐνῷ τὰ ἀποτελέσματα ἀναμένεται νὰ ἀνακοινωθοῦν προσεχῶς εἰς τὸ κοινόν. Κατὰ τὴν χθεσινὴν ἡμέραν αἱ ἁρμόδιαι ὑπηρεσίαι συνέχισαν τὸ ἔργον των μὲ ἐντατικὸν ρυθμὸν, ἐνῷ τὰ ἀποτελέσματα ἀναμένεται νὰ ἀνακοινωθοῦν προσεχῶς εἰς τὸ κοινόν. Κατὰ τὴν χθεσινὴν ἡμέραν αἱ ἁρμόδιαι ὑπηρεσίαι συνέχισαν τὸ ἔργον των μὲ ἐντατικὸν ρυθμὸν, ἐνῷ τὰ ἀποτελέσματα ἀναμένεται νὰ ἀνακοινωθοῦν προσεχῶς εἰς τὸ κοινόν.

Κατὰ τὴν χθεσινὴν ἡμέραν αἱ ἁρμόδιαι ὑπηρεσίαι συνέχισαν τὸ ἔργον των μὲ ἐντατικὸν ρυθμὸν, ἐνῷ τὰ ἀποτελέσματα ἀναμένεται νὰ ἀνακοινωθοῦν προσεχῶς εἰς τὸ κοινόν. Κατὰ τὴν χθεσινὴν ἡμέραν αἱ ἁρμόδιαι ὑπηρεσίαι συνέχισαν τὸ ἔργον των μὲ ἐντατικὸν ρυθμὸν, ἐνῷ τὰ ἀποτελέσματα ἀναμένεται νὰ ἀνακοινωθοῦν προσεχῶς εἰς τὸ κοινόν. Κατὰ τὴν χθεσινὴν ἡμέραν αἱ ἁρμόδιαι ὑπηρεσίαι συνέχισαν τὸ ἔργον των μὲ ἐντατικὸν ρυθμὸν, ἐνῷ τὰ ἀποτελέσματα ἀναμένεται νὰ ἀνακοινωθοῦν προσεχῶς εἰς τὸ κοινόν.

Κατὰ τὴν χθεσινὴν ἡμέραν αἱ ἁρμόδιαι ὑπηρεσίαι συνέχισαν τὸ ἔργον των μὲ ἐντατικὸν ρυθμὸν, ἐνῷ τὰ ἀποτελέσματα ἀναμένεται νὰ ἀνακοινωθοῦν προσεχῶς εἰς τὸ κοινόν. Κατὰ τὴν χθεσινὴν ἡμέραν αἱ ἁρμόδιαι ὑπηρεσίαι συνέχισαν τὸ ἔργον των μὲ ἐντατικὸν ρυθμὸν, ἐνῷ τὰ ἀποτελέσματα ἀναμένεται νὰ ἀνακοινωθοῦν προσεχῶς εἰς τὸ κοινόν. Κατὰ τὴν χθεσινὴν ἡμέραν αἱ ἁρμόδιαι ὑπηρεσίαι συνέχισαν τὸ ἔργον των μὲ ἐντατικὸν ρυθμὸν, ἐνῷ τὰ ἀποτελέσματα ἀναμένεται νὰ ἀνακοινωθοῦν προσεχῶς εἰς τὸ κοινόν.

Κατὰ τὴν χθεσινὴν ἡμέραν αἱ ἁρμόδιαι ὑπηρεσίαι συνέχισαν τὸ ἔργον των μὲ ἐντατικὸν ρυθμὸν, ἐνῷ τὰ ἀποτελέσματα ἀναμένεται νὰ ἀνακοινωθοῦν προσεχῶς εἰς τὸ κοινόν. Κατὰ τὴν χθεσινὴν ἡμέραν αἱ ἁρμόδιαι ὑπηρεσίαι συνέχισαν τὸ ἔργον των μὲ ἐντατικὸν ρυθμὸν, ἐνῷ τὰ ἀποτελέσματα ἀναμένεται νὰ ἀνακοινωθοῦν προσεχῶς εἰς τὸ κοινόν. Κατὰ τὴν χθεσινὴν ἡμέραν αἱ ἁρμόδιαι ὑπηρεσίαι συνέχισαν τὸ ἔργον των μὲ ἐντατικὸν ρυθμὸν, ἐνῷ τὰ ἀποτελέσματα ἀναμένεται νὰ ἀνακοινωθοῦν προσεχῶς εἰς τὸ κοινόν.

Κατὰ τὴν χθεσινὴν ἡμέραν αἱ ἁρμόδιαι ὑπηρεσίαι συνέχισαν τὸ ἔργον των μὲ ἐντατικὸν ρυθμὸν, ἐνῷ τὰ ἀποτελέσματα ἀναμένεται νὰ ἀνακοινωθοῦν προσεχῶς εἰς τὸ κοινόν. Κατὰ τὴν χθεσινὴν ἡμέραν αἱ ἁρμόδιαι ὑπηρεσίαι συνέχισαν τὸ ἔργον των μὲ ἐντατικὸν ρυθμὸν, ἐνῷ τὰ ἀποτελέσματα ἀναμένεται νὰ ἀνακοινωθοῦν προσεχῶς εἰς τὸ κοινόν. Κατὰ τὴν χθεσινὴν ἡμέραν αἱ ἁρμόδιαι ὑπηρεσίαι συνέχισαν τὸ ἔργον των μὲ ἐντατικὸν ρυθμὸν, ἐνῷ τὰ ἀποτελέσματα ἀναμένεται νὰ ἀνακοινωθοῦν προσεχῶς εἰς τὸ κοινόν.

Κατὰ τὴν χθεσινὴν ἡμέραν αἱ ἁρμόδιαι ὑπηρεσίαι συνέχισαν τὸ ἔργον των μὲ ἐντατικὸν ρυθμὸν, ἐνῷ τὰ ἀποτελέσματα ἀναμένεται νὰ ἀνακοινωθοῦν προσεχῶς εἰς τὸ κοινόν. Κατὰ τὴν χθεσινὴν ἡμέραν αἱ ἁρμόδιαι ὑπηρεσίαι συνέχισαν τὸ ἔργον των μὲ ἐντατικὸν ρυθμὸν, ἐνῷ τὰ ἀποτελέσματα ἀναμένεται νὰ ἀνακοινωθοῦν προσεχῶς εἰς τὸ κοινόν. Κατὰ τὴν χθεσινὴν ἡμέραν αἱ ἁρμόδιαι ὑπηρεσίαι συνέχισαν τὸ ἔργον των μὲ ἐντατικὸν ρυθμὸν, ἐνῷ τὰ ἀποτελέσματα ἀναμένεται νὰ ἀνακοινωθοῦν προσεχῶς εἰς τὸ κοινόν.

Κατὰ τὴν χθεσινὴν ἡμέραν αἱ ἁρμόδιαι ὑπηρεσίαι συνέχισαν τὸ ἔργον των μὲ ἐντατικὸν ρυθμὸν, ἐνῷ τὰ ἀποτελέσματα ἀναμένεται νὰ ἀνακοινωθοῦν προσεχῶς εἰς τὸ κοινόν. Κατὰ τὴν χθεσινὴν ἡμέραν αἱ ἁρμόδιαι ὑπηρεσίαι συνέχισαν τὸ ἔργον των μὲ ἐντατικὸν ρυθμὸν, ἐνῷ τὰ ἀποτελέσματα ἀναμένεται νὰ ἀνακοινωθοῦν προσεχῶς εἰς τὸ κοινόν. Κατὰ τὴν χθεσινὴν ἡμέραν αἱ ἁρμόδιαι ὑπηρεσίαι συνέχισαν τὸ ἔργον των μὲ ἐντατικὸν ρυθμὸν, ἐνῷ τὰ ἀποτελέσματα ἀναμένεται νὰ ἀνακοινωθοῦν προσεχῶς εἰς τὸ κοινόν.

Κατὰ τὴν χθεσινὴν ἡμέραν αἱ ἁρμόδιαι ὑπηρεσίαι συνέχισαν τὸ ἔργον των μὲ ἐντατικὸν ρυθμὸν, ἐνῷ τὰ ἀποτελέσματα ἀναμένεται νὰ ἀνακοινωθοῦν προσεχῶς εἰς τὸ κοινόν. Κατὰ τὴν χθεσινὴν ἡμέραν αἱ ἁρμόδιαι ὑπηρεσίαι συνέχισαν τὸ ἔργον των μὲ ἐντατικὸν ρυθμὸν, ἐνῷ τὰ ἀποτελέσματα ἀναμένεται νὰ ἀνακοινωθοῦν προσεχῶς εἰς τὸ κοινόν. Κατὰ τὴν χθεσινὴν ἡμέραν αἱ ἁρμόδιαι ὑπηρεσίαι συνέχισαν τὸ ἔργον των μὲ ἐντατικὸν ρυθμὸν, ἐνῷ τὰ ἀποτελέσματα ἀναμένεται νὰ ἀνακοινωθοῦν προσεχῶς εἰς τὸ κοινόν.

Κατὰ τὴν χθεσινὴν ἡμέραν αἱ ἁρμόδιαι ὑπηρεσίαι συνέχισαν τὸ ἔργον των μὲ ἐντατικὸν ρυθμὸν, ἐνῷ τὰ ἀποτελέσματα ἀναμένεται νὰ ἀνακοινωθοῦν προσεχῶς εἰς τὸ κοινόν. Κατὰ τὴν χθεσινὴν ἡμέραν αἱ ἁρμόδιαι ὑπηρεσίαι συνέχισαν τὸ ἔργον των μὲ ἐντατικὸν ρυθμὸν, ἐνῷ τὰ ἀποτελέσματα ἀναμένεται νὰ ἀνακοινωθοῦν προσεχῶς εἰς τὸ κοινόν. Κατὰ τὴν χθεσινὴν ἡμέραν αἱ ἁρμόδιαι ὑπηρεσίαι συνέχισαν τὸ ἔργον των μὲ ἐντατικὸν ρυθμὸν, ἐνῷ τὰ ἀποτελέσματα ἀναμένεται νὰ ἀνακοινωθοῦν προσεχῶς εἰς τὸ κοινόν.

Κατὰ τὴν χθεσινὴν ἡμέραν αἱ ἁρμόδιαι ὑπηρεσίαι συνέχισαν τὸ ἔργον των μὲ ἐντατικὸν ρυθμὸν, ἐνῷ τὰ ἀποτελέσματα ἀναμένεται νὰ ἀνακοινωθοῦν προσεχῶς εἰς τὸ κοινόν. Κατὰ τὴν χθεσινὴν ἡμέραν αἱ ἁρμόδιαι ὑπηρεσίαι συνέχισαν τὸ ἔργον των μὲ ἐντατικὸν ρυθμὸν, ἐνῷ τὰ ἀποτελέσματα ἀναμένεται νὰ ἀνακοινωθοῦν προσεχῶς εἰς τὸ κοινόν. Κατὰ τὴν χθεσινὴν ἡμέραν αἱ ἁρμόδιαι ὑπηρεσίαι συνέχισαν τὸ ἔργον των μὲ ἐντατικὸν ρυθμὸν, ἐνῷ τὰ ἀποτελέσματα ἀναμένεται νὰ ἀνακοινωθοῦν προσεχῶς εἰς τὸ κοινόν.

Κατὰ τὴν χθεσινὴν ἡμέραν αἱ ἁρμόδιαι ὑπηρεσίαι συνέχισαν τὸ ἔργον των μὲ ἐντατικὸν ρυθμὸν, ἐνῷ τὰ ἀποτελέσματα ἀναμένεται νὰ ἀνακοινωθοῦν προσεχῶς εἰς τὸ κοινόν. Κατὰ τὴν χθεσινὴν ἡμέραν αἱ ἁρμόδιαι ὑπηρεσίαι συνέχισαν τὸ ἔργον των μὲ ἐντατικὸν ρυθμὸν, ἐνῷ τὰ ἀποτελέσματα ἀναμένεται νὰ ἀνακοινωθοῦν προσεχῶς εἰς τὸ κοινόν. Κατὰ τὴν χθεσινὴν ἡμέραν αἱ ἁρμόδιαι ὑπηρεσίαι συνέχισαν τὸ ἔργον των μὲ ἐντατικὸν ρυθμὸν, ἐνῷ τὰ ἀποτελέσματα ἀναμένεται νὰ ἀνακοινωθοῦν προσεχῶς εἰς τὸ κοινόν.

Κατὰ τὴν χθεσινὴν ἡμέραν αἱ ἁρμόδιαι ὑπηρεσίαι συνέχισαν τὸ ἔργον των μὲ ἐντατικὸν ρυθμὸν, ἐνῷ τὰ ἀποτελέσματα ἀναμένεται νὰ ἀνακοινωθοῦν προσεχῶς εἰς τὸ κοινόν. Κατὰ τὴν χθεσινὴν ἡμέραν αἱ ἁρμόδιαι ὑπηρεσίαι συνέχισαν τὸ ἔργον των μὲ ἐντατικὸν ρυθμὸν, ἐνῷ τὰ ἀποτελέσματα ἀναμένεται νὰ ἀνακοινωθοῦν προσεχῶς εἰς τὸ κοινόν. Κατὰ τὴν χθεσινὴν ἡμέραν αἱ ἁρμόδιαι ὑπηρεσίαι συνέχισαν τὸ ἔργον των μὲ ἐντατικὸν ρυθμὸν, ἐνῷ τὰ ἀποτελέσματα ἀναμένεται νὰ ἀνακοινωθοῦν προσεχῶς εἰς τὸ κοινόν.

Κατὰ τὴν χθεσινὴν ἡμέραν αἱ ἁρμόδιαι ὑπηρεσίαι συνέχισαν τὸ ἔργον των μὲ ἐντατικὸν ρυθμὸν, ἐνῷ τὰ ἀποτελέσματα ἀναμένεται νὰ ἀνακοινωθοῦν προσεχῶς εἰς τὸ κοινόν. Κατὰ τὴν χθεσινὴν ἡμέραν αἱ ἁρμόδιαι ὑπηρεσίαι συνέχισαν τὸ ἔργον των μὲ ἐντατικὸν ρυθμὸν, ἐνῷ τὰ ἀποτελέσματα ἀναμένεται νὰ ἀνακοινωθοῦν προσεχῶς εἰς τὸ κοινόν. Κατὰ τὴν χθεσινὴν ἡμέραν αἱ ἁρμόδιαι ὑπηρεσίαι συνέχισαν τὸ ἔργον των μὲ ἐντατικὸν ρυθμὸν, ἐνῷ τὰ ἀποτελέσματα ἀναμένεται νὰ ἀνακοινωθοῦν προσεχῶς εἰς τὸ κοινόν.

Κατὰ τὴν χθεσινὴν ἡμέραν αἱ ἁρμόδιαι ὑπηρεσίαι συνέχισαν τὸ ἔργον των μὲ ἐντατικὸν ρυθμὸν, ἐνῷ τὰ ἀποτελέσματα ἀναμένεται νὰ ἀνακοινωθοῦν προσεχῶς εἰς τὸ κοινόν. Κατὰ τὴν χθεσινὴν ἡμέραν αἱ ἁρμόδιαι ὑπηρεσίαι συνέχισαν τὸ ἔργον των μὲ ἐντατικὸν ρυθμὸν, ἐνῷ τὰ ἀποτελέσματα ἀναμένεται νὰ ἀνακοινωθοῦν προσεχῶς εἰς τὸ κοινόν. Κατὰ τὴν χθεσινὴν ἡμέραν αἱ ἁρμόδιαι ὑπηρεσίαι συνέχισαν τὸ ἔργον των μὲ ἐντατικὸν ρυθμὸν, ἐνῷ τὰ ἀποτελέσματα ἀναμένεται νὰ ἀνακοινωθοῦν προσεχῶς εἰς τὸ κοινόν.

Κατὰ τὴν χθεσινὴν ἡμέραν αἱ ἁρμόδιαι ὑπηρεσίαι συνέχισαν τὸ ἔργον των μὲ ἐντατικὸν ρυθμὸν, ἐνῷ τὰ ἀποτελέσματα ἀναμένεται νὰ ἀνακοινωθοῦν προσεχῶς εἰς τὸ κοινόν. Κατὰ τὴν χθεσινὴν ἡμέραν αἱ ἁρμόδιαι ὑπηρεσίαι συνέχισαν τὸ ἔργον των μὲ ἐντατικὸν ρυθμὸν, ἐνῷ τὰ ἀποτελέσματα ἀναμένεται νὰ ἀνακοινωθοῦν προσεχῶς εἰς τὸ κοινόν. Κατὰ τὴν χθεσινὴν ἡμέραν αἱ ἁρμόδιαι ὑπηρεσίαι συνέχισαν τὸ ἔργον των μὲ ἐντατικὸν ρυθμὸν, ἐνῷ τὰ ἀποτελέσματα ἀναμένεται νὰ ἀνακοινωθοῦν προσεχῶς εἰς τὸ κοινόν.

Κατὰ τὴν χθεσινὴν ἡμέραν αἱ ἁρμόδιαι ὑπηρεσίαι συνέχισαν τὸ ἔργον των μὲ ἐντατικὸν ρυθμὸν, ἐνῷ τὰ ἀποτελέσματα ἀναμένεται νὰ ἀνακοινωθοῦν προσεχῶς εἰς τὸ κοινόν. Κατὰ τὴν χθεσινὴν ἡμέραν αἱ ἁρμόδιαι ὑπηρεσίαι συνέχισαν τὸ ἔργον των μὲ ἐντατικὸν ρυθμὸν, ἐνῷ τὰ ἀποτελέσματα ἀναμένεται νὰ ἀνακοινωθοῦν προσεχῶς εἰς τὸ κοινόν. Κατὰ τὴν χθεσινὴν ἡμέραν αἱ ἁρμόδιαι ὑπηρεσίαι συνέχισαν τὸ ἔργον των μὲ ἐντατικὸν ρυθμὸν, ἐνῷ τὰ ἀποτελέσματα ἀναμένεται νὰ ἀνακοινωθοῦν προσεχῶς εἰς τὸ κοινόν.

Κατὰ τὴν χθεσινὴν ἡμέραν αἱ ἁρμόδιαι ὑπηρεσίαι συνέχισαν τὸ ἔργον των μὲ ἐντατικὸν ρυθμὸν, ἐνῷ τὰ ἀποτελέσματα ἀναμένεται νὰ ἀνακοινωθοῦν προσεχῶς εἰς τὸ κοινόν. Κατὰ τὴν χθεσινὴν ἡμέραν αἱ ἁρμόδιαι ὑπηρεσίαι συνέχισαν τὸ ἔργον των μὲ ἐντατικὸν ρυθμὸν, ἐνῷ τὰ ἀποτελέσματα ἀναμένεται νὰ ἀνακοινωθοῦν προσεχῶς εἰς τὸ κοινόν. Κατὰ τὴν χθεσινὴν ἡμέραν αἱ ἁρμόδιαι ὑπηρεσίαι συνέχισαν τὸ ἔργον των μὲ ἐντατικὸν ρυθμὸν, ἐνῷ τὰ ἀποτελέσματα ἀναμένεται νὰ ἀνακοινωθοῦν προσεχῶς εἰς τὸ κοινόν.

Κατὰ τὴν χθεσινὴν ἡμέραν αἱ ἁρμόδιαι ὑπηρεσίαι συνέχισαν τὸ ἔργον των μὲ ἐντατικὸν ρυθμὸν, ἐνῷ τὰ ἀποτελέσματα ἀναμένεται νὰ ἀνακοινωθοῦν προσεχῶς εἰς τὸ κοινόν. Κατὰ τὴν χθεσινὴν ἡμέραν αἱ ἁρμόδιαι ὑπηρεσίαι συνέχισαν τὸ ἔργον των μὲ ἐντατικὸν ρυθμὸν, ἐνῷ τὰ ἀποτελέσματα ἀναμένεται νὰ ἀνακοινωθοῦν προσεχῶς εἰς τὸ κοινόν. Κατὰ τὴν χθεσινὴν ἡμέραν αἱ ἁρμόδιαι ὑπηρεσίαι συνέχισαν τὸ ἔργον των μὲ ἐντατικὸν ρυθμὸν, ἐνῷ τὰ ἀποτελέσματα ἀναμένεται νὰ ἀνακοινωθοῦν προσεχῶς εἰς τὸ κοινόν.

ΟΙ ΒΟΥΛΓΑΡΟΙ ΔΕΝ ΘΑ ΚΑΠΝΙΖΟΥΝ ΚΑΤΑ ΤΗΝ ΩΡΑΝ ΤΗΣ ΕΡΓΑΣΙΑΣ
ΔΙΑ ΝΑ ΜΗ ΕΝΟΧΛΟΥΝ ΤΟΥΣ «ΑΚΑΠΝΟΥΣ»

ΒΙΕΝΝΗ, 10. — Ἡ βουλγαρικὴ Κυβέρνησις ἀπηγόρευσε τὸ κάπνισμα εἰς τοὺς χώρους ἐργασίας κατὰ τὰς ὥρας λειτουργίας, διὰ νὰ μὴ ἐνοχλοῦνται οἱ μὴ καπνίζοντες συνάδελφοι.

ΑΓΓΛΟΣ ΕΦΟΝΕΥΣΕΝ ΕΠΙΤΕΔΕΙΑ ΔΙΑ ΛΟΓΟΥΣ ΖΗΛΟΤΥΠΙΑΣ

ΣΤΑΦΟΡΝΤ, 10. — Ἄγγλος 35 ἐτῶν ἐφόνευσεν διὰ λόγους ζηλοτυπίας τὴν σύζυγόν του καὶ ἐν συνεχείᾳ παρεδόθη εἰς τὴν Ἀστυνομίαν.

Ο ΠΑΠΑΣ ΕΓΚΡΙΝΕΙ ΤΑΣ ΦΟΙΤΗΤΙΚΑΣ ΔΙΑΔΗΛΩΣΕΙΣ

ΠΟΛΙΣ ΤΟΥ ΒΑΤΙΚΑΝΟΥ, 10. — Ὁ Πάπας ἐδήλωσεν ὅτι αἱ φοιτητικαὶ διαδηλώσεις εἶναι δικαιολογημέναι ὅταν ἀποβλέπουν εἰς τὴν δικαιοσύνην καὶ τὴν ἀνανέωσιν τῆς κοινωνίας.

ΣΤΑΣΙΣ ΚΑΤΑΔΙΚΩΝ ΕΙΣ ΦΥΛΑΚΑΣ ΤΗΣ ΙΤΑΛΙΑΣ

ΛΑ ΚΟΥΛΛΑ, Ἰταλία, 10. — Κατάδικοι τῶν φυλακῶν ἐστασίασαν καὶ κατέλαβον τμῆμα τοῦ κτιρίου. Ἡ Ἀστυνομία ἀπεκατέστησε τὴν τάξιν μετὰ πολύωρον προσπάθειαν.

ΠΕΝΤΕ ΤΡΑΥΜΑΤΙΑΙ ΕΙΣ ΕΚΡΗΞΕΙΣ ΠΥΡΟΤΕΧΝΗΜΑΤΩΝ

ΜΑΝΤΣΕΣΤΕΡ, 10. — Πέντε ἄτομα ἐτραυματίσθησαν ἐκ τῶν ἐκρήξεων πυροτεχνημάτων εἰς ἀποθήκην τῆς πόλεως.

ΔΙΑΤΑΓΗ Η ΣΥΛΛΗΨΙΣ ΝΕΓΡΟΥ ΗΓΕΤΟΥ ΤΗΣ ΜΑΥΡΗΣ ΔΥΝΑΜΕΩΣ

ΟΥΑΣΙΓΚΤΩΝ, 10. — Ἐξεδόθη ἔνταλμα συλλήψεως κατὰ νέγρου ἡγέτου τῆς «Μαύρης Δυνάμεως» διὰ ὑποκίνησιν ταραχῶν.

ΑΡΧΑΙΟΛΟΓΙΚΑ ΕΥΡΗΜΑΤΑ ΕΙΣ ΚΩΝΣΤΑΝΤΙΝΟΥΠΟΛΙΝ

ΚΩΝΣΤΑΝΤΙΝΟΥΠΟΛΙΣ, 10. — Κατὰ τὰς ἐκσκαφὰς διὰ τὴν κατασκευὴν νέας ὁδοῦ ἀνευρέθησαν ἀρχαιολογικὰ εὑρήματα βυζαντινῆς ἐποχῆς.

Η ΤΟΥΡΚΙΑ ΝΑΥΠΗΓΕΙ ΕΜΠΟΡΙΚΑ ΠΛΟΙΑ ΕΙΣ ΓΙΟΥΓΚΟΣΛΑΒΙΑΝ

ΑΓΚΥΡΑ, 10. — Ἡ τουρκικὴ Κυβέρνησις συνῆψε συμφωνίαν μετὰ τῆς Γιουγκοσλαβίας διὰ τὴν ναυπήγησιν ἐμπορικῶν πλοίων.

Η ΒΟΝΝΗ ΑΥΞΑΝΕΙ ΤΗΝ ΒΟΗΘΕΙΑΝ ΠΡΟΣ ΤΗΝ ΤΟΥΡΚΙΑΝ

ΒΟΝΝΗ, 10. — Ἡ Δυτικὴ Γερμανία θὰ αὐξήσῃ τὴν οἰκονομικὴν βοήθειαν πρὸς τὴν Τουρκίαν κατὰ τὸ τρέχον ἔτος.

ΤΡΕΙΣ ΝΕΚΡΟΙ ΕΙΣ ΕΚΡΗΞΕΙΣ ΑΣΕΤΥΛΙΝΗΣ

ΜΠΑΛΤΙΜΟΡ, 10. — Τρεῖς ἐργάται ἐφονεύθησαν ἐξ ἐκρήξεως ἀσετυλίνης εἰς ἐργοστάσιον.

Ο ΝΕΑΡΟΣ ΒΙΑΣΤΗΣ ΕΙΣ ΤΗΝ ΕΙΣΑΓΓΕΛΙΑΝ

Ὁ νεαρὸς βιαστὴς παρεπέμφθη εἰς τὴν Εἰσαγγελίαν, ἡ ὁποία ἤσκησε κατ' αὐτοῦ δίωξιν.

Κατὰ τὴν χθεσινὴν ἡμέραν αἱ ἁρμόδιαι ὑπηρεσίαι συνέχισαν τὸ ἔργον των μὲ ἐντατικὸν ρυθμὸν, ἐνῷ τὰ ἀποτελέσματα ἀναμένεται νὰ ἀνακοινωθοῦν προσεχῶς εἰς τὸ κοινόν. Κατὰ τὴν χθεσινὴν ἡμέραν αἱ ἁρμόδιαι ὑπηρεσίαι συνέχισαν τὸ ἔργον των μὲ ἐντατικὸν ρυθμὸν, ἐνῷ τὰ ἀποτελέσματα ἀναμένεται νὰ ἀνακοινωθοῦν προσεχῶς εἰς τὸ κοινόν. Κατὰ τὴν χθεσινὴν ἡμέραν αἱ ἁρμόδιαι ὑπηρεσίαι συνέχισαν τὸ ἔργον των μὲ ἐντατικὸν ρυθμὸν, ἐνῷ τὰ ἀποτελέσματα ἀναμένεται νὰ ἀνακοινωθοῦν προσεχῶς εἰς τὸ κοινόν.

Κατὰ τὴν χθεσινὴν ἡμέραν αἱ ἁρμόδιαι ὑπηρεσίαι συνέχισαν τὸ ἔργον των μὲ ἐντατικὸν ρυθμὸν, ἐνῷ τὰ ἀποτελέσματα ἀναμένεται νὰ ἀνακοινωθοῦν προσεχῶς εἰς τὸ κοινόν. Κατὰ τὴν χθεσινὴν ἡμέραν αἱ ἁρμόδιαι ὑπηρεσίαι συνέχισαν τὸ ἔργον των μὲ ἐντατικὸν ρυθμὸν, ἐνῷ τὰ ἀποτελέσματα ἀναμένεται νὰ ἀνακοινωθοῦν προσεχῶς εἰς τὸ κοινόν. Κατὰ τὴν χθεσινὴν ἡμέραν αἱ ἁρμόδιαι ὑπηρεσίαι συνέχισαν τὸ ἔργον των μὲ ἐντατικὸν ρυθμὸν, ἐνῷ τὰ ἀποτελέσματα ἀναμένεται νὰ ἀνακοινωθοῦν προσεχῶς εἰς τὸ κοινόν.

Κατὰ τὴν χθεσινὴν ἡμέραν αἱ ἁρμόδιαι ὑπηρεσίαι συνέχισαν τὸ ἔργον των μὲ ἐντατικὸν ρυθμὸν, ἐνῷ τὰ ἀποτελέσματα ἀναμένεται νὰ ἀνακοινωθοῦν προσεχῶς εἰς τὸ κοινόν. Κατὰ τὴν χθεσινὴν ἡμέραν αἱ ἁρμόδιαι ὑπηρεσίαι συνέχισαν τὸ ἔργον των μὲ ἐντατικὸν ρυθμὸν, ἐνῷ τὰ ἀποτελέσματα ἀναμένεται νὰ ἀνακοινωθοῦν προσεχῶς εἰς τὸ κοινόν. Κατὰ τὴν χθεσινὴν ἡμέραν αἱ ἁρμόδιαι ὑπηρεσίαι συνέχισαν τὸ ἔργον των μὲ ἐντατικὸν ρυθμὸν, ἐνῷ τὰ ἀποτελέσματα ἀναμένεται νὰ ἀνακοινωθοῦν προσεχῶς εἰς τὸ κοινόν.

Κατὰ τὴν χθεσινὴν ἡμέραν αἱ ἁρμόδιαι ὑπηρεσίαι συνέχισαν τὸ ἔργον των μὲ ἐντατικὸν ρυθμὸν, ἐνῷ τὰ ἀποτελέσματα ἀναμένεται νὰ ἀνακοινωθοῦν προσεχῶς εἰς τὸ κοινόν. Κατὰ τὴν χθεσινὴν ἡμέραν αἱ ἁρμόδιαι ὑπηρεσίαι συνέχισαν τὸ ἔργον των μὲ ἐντατικὸν ρυθμὸν, ἐνῷ τὰ ἀποτελέσματα ἀναμένεται νὰ ἀνακοινωθοῦν προσεχῶς εἰς τὸ κοινόν. Κατὰ τὴν χθεσινὴν ἡμέραν αἱ ἁρμόδιαι ὑπηρεσίαι συνέχισαν τὸ ἔργον των μὲ ἐντατικὸν ρυθμὸν, ἐνῷ τὰ ἀποτελέσματα ἀναμένεται νὰ ἀνακοινωθοῦν προσεχῶς εἰς τὸ κοινόν.

Κατὰ τὴν χθεσινὴν ἡμέραν αἱ ἁρμόδιαι ὑπηρεσίαι συνέχισαν τὸ ἔργον των μὲ ἐντατικὸν ρυθμὸν, ἐνῷ τὰ ἀποτελέσματα ἀναμένεται νὰ ἀνακοινωθοῦν προσεχῶς εἰς τὸ κοινόν. Κατὰ τὴν χθεσινὴν ἡμέραν αἱ ἁρμόδιαι ὑπηρεσίαι συνέχισαν τὸ ἔργον των μὲ ἐντατικὸν ρυθμὸν, ἐνῷ τὰ ἀποτελέσματα ἀναμένεται νὰ ἀνακοινωθοῦν προσεχῶς εἰς τὸ κοινόν. Κατὰ τὴν χθεσινὴν ἡμέραν αἱ ἁρμόδιαι ὑπηρεσίαι συνέχισαν τὸ ἔργον των μὲ ἐντατικὸν ρυθμὸν, ἐνῷ τὰ ἀποτελέσματα ἀναμένεται νὰ ἀνακοινωθοῦν προσεχῶς εἰς τὸ κοινόν.

Κατὰ τὴν χθεσινὴν ἡμέραν αἱ ἁρμόδιαι ὑπηρεσίαι συνέχισαν τὸ ἔργον των μὲ ἐντατικὸν ρυθμὸν, ἐνῷ τὰ ἀποτελέσματα ἀναμένεται νὰ ἀνακοινωθοῦν προσεχῶς εἰς τὸ κοινόν. Κατὰ τὴν χθεσινὴν ἡμέραν αἱ ἁρμόδιαι ὑπηρεσίαι συνέχισαν τὸ ἔργον των μὲ ἐντατικὸν ρυθμὸν, ἐνῷ τὰ ἀποτελέσματα ἀναμένεται νὰ ἀνακοινωθοῦν προσεχῶς εἰς τὸ κοινόν. Κατὰ τὴν χθεσινὴν ἡμέραν αἱ ἁρμόδιαι ὑπηρεσίαι συνέχισαν τὸ ἔργον των μὲ ἐντατικὸν ρυθμὸν, ἐνῷ τὰ ἀποτελέσματα ἀναμένεται νὰ ἀνακοινωθοῦν προσεχῶς εἰς τὸ κοινόν.

Κατὰ τὴν χθεσινὴν ἡμέραν αἱ ἁρμόδιαι ὑπηρεσίαι συνέχισαν τὸ ἔργον των μὲ ἐντατικὸν ρυθμὸν, ἐνῷ τὰ ἀποτελέσματα ἀναμένεται νὰ ἀνακοινωθοῦν προσεχῶς εἰς τὸ κοινόν. Κατὰ τὴν χθεσινὴν ἡμέραν αἱ ἁρμόδιαι ὑπηρεσίαι συνέχισαν τὸ ἔργον των μὲ ἐντατικὸν ρυθμὸν, ἐνῷ τὰ ἀποτελέσματα ἀναμένεται νὰ ἀνακοινωθοῦν προσεχῶς εἰς τὸ κοινόν. Κατὰ τὴν χθεσινὴν ἡμέραν αἱ ἁρμόδιαι ὑπηρεσίαι συνέχισαν τὸ ἔργον των μὲ ἐντατικὸν ρυθμὸν, ἐνῷ τὰ ἀποτελέσματα ἀναμένεται νὰ ἀνακοινωθοῦν προσεχῶς εἰς τὸ κοινόν.

Κατὰ τὴν χθεσινὴν ἡμέραν αἱ ἁρμόδιαι ὑπηρεσίαι συνέχισαν τὸ ἔργον των μὲ ἐντατικὸν ρυθμὸν, ἐνῷ τὰ ἀποτελέσματα ἀναμένεται νὰ ἀνακοινωθοῦν προσεχῶς εἰς τὸ κοινόν. Κατὰ τὴν χθεσινὴν ἡμέραν αἱ ἁρμόδιαι ὑπηρεσίαι συνέχισαν τὸ ἔργον των μὲ ἐντατικὸν ρυθμὸν, ἐνῷ τὰ ἀποτελέσματα ἀναμένεται νὰ ἀνακοινωθοῦν προσεχῶς εἰς τὸ κοινόν. Κατὰ τὴν χθεσινὴν ἡμέραν αἱ ἁρμόδιαι ὑπηρεσίαι συνέχισαν τὸ ἔργον των μὲ ἐντατικὸν ρυθμὸν, ἐνῷ τὰ ἀποτελέσματα ἀναμένεται νὰ ἀνακοινωθοῦν προσεχῶς εἰς τὸ κοινόν.

Κατὰ τὴν χθεσινὴν ἡμέραν αἱ ἁρμόδιαι ὑπηρεσίαι συνέχισαν τὸ ἔργον των μὲ ἐντατικὸν ρυθμὸν, ἐνῷ τὰ ἀποτελέσματα ἀναμένεται νὰ ἀνακοινωθοῦν προσεχῶς εἰς τὸ κοινόν. Κατὰ τὴν χθεσινὴν ἡμέραν αἱ ἁρμόδιαι ὑπηρεσίαι συνέχισαν τὸ ἔργον των μὲ ἐντατικὸν ρυθμὸν, ἐνῷ τὰ ἀποτελέσματα ἀναμένεται νὰ ἀνακοινωθοῦν προσεχῶς εἰς τὸ κοινόν. Κατὰ τὴν χθεσινὴν ἡμέραν αἱ ἁρμόδιαι ὑπηρεσίαι συνέχισαν τὸ ἔργον των μὲ ἐντατικὸν ρυθμὸν, ἐνῷ τὰ ἀποτελέσματα ἀναμένεται νὰ ἀνακοινωθοῦν προσεχῶς εἰς τὸ κοινόν.

Κατὰ τὴν χθεσινὴν ἡμέραν αἱ ἁρμόδιαι ὑπηρεσίαι συνέχισαν τὸ ἔργον των μὲ ἐντατικὸν ρυθμὸν, ἐνῷ τὰ ἀποτελέσματα ἀναμένεται νὰ ἀνακοινωθοῦν προσεχῶς εἰς τὸ κοινόν. Κατὰ τὴν χθεσινὴν ἡμέραν αἱ ἁρμόδιαι ὑπηρεσίαι συνέχισαν τὸ ἔργον των μὲ ἐντατικὸν ρυθμὸν, ἐνῷ τὰ ἀποτελέσματα ἀναμένεται νὰ ἀνακοινωθοῦν προσεχῶς εἰς τὸ κοινόν. Κατὰ τὴν χθεσινὴν ἡμέραν αἱ ἁρμόδιαι ὑπηρεσίαι συνέχισαν τὸ ἔργον των μὲ ἐντατικὸν ρυθμὸν, ἐνῷ τὰ ἀποτελέσματα ἀναμένεται νὰ ἀνακοινωθοῦν προσεχῶς εἰς τὸ κοινόν.

Κατὰ τὴν χθεσινὴν ἡμέραν αἱ ἁρμόδιαι ὑπηρεσίαι συνέχισαν τὸ ἔργον των μὲ ἐντατικὸν ρυθμὸν, ἐνῷ τὰ ἀποτελέσματα ἀναμένεται νὰ ἀνακοινωθοῦν προσεχῶς εἰς τὸ κοινόν. Κατὰ τὴν χθεσινὴν ἡμέραν αἱ ἁρμόδιαι ὑπηρεσίαι συνέχισαν τὸ ἔργον των μὲ ἐντατικὸν ρυθμὸν, ἐνῷ τὰ ἀποτελέσματα ἀναμένεται νὰ ἀνακοινωθοῦν προσεχῶς εἰς τὸ κοινόν. Κατὰ τὴν χθεσινὴν ἡμέραν αἱ ἁρμόδιαι ὑπηρεσίαι συνέχισαν τὸ ἔργον των μὲ ἐντατικὸν ρυθμὸν, ἐνῷ τὰ ἀποτελέσματα ἀναμένεται νὰ ἀνακοινωθοῦν προσεχῶς εἰς τὸ κοινόν.

Κατὰ τὴν χθεσινὴν ἡμέραν αἱ ἁρμόδιαι ὑπηρεσίαι συνέχισαν τὸ ἔργον των μὲ ἐντατικὸν ρυθμὸν, ἐνῷ τὰ ἀποτελέσματα ἀναμένεται νὰ ἀνακοινωθοῦν προσεχῶς εἰς τὸ κοινόν. Κατὰ τὴν χθεσινὴν ἡμέραν αἱ ἁρμόδιαι ὑπηρεσίαι συνέχισαν τὸ ἔργον των μὲ ἐντατικὸν ρυθμὸν, ἐνῷ τὰ ἀποτελέσματα ἀναμένεται νὰ ἀνακοινωθοῦν προσεχῶς εἰς τὸ κοινόν. Κατὰ τὴν χθεσινὴν ἡμέραν αἱ ἁρμόδιαι ὑπηρεσίαι συνέχισαν τὸ ἔργον των μὲ ἐντατικὸν ρυθμὸν, ἐνῷ τὰ ἀποτελέσματα ἀναμένεται νὰ ἀνακοινωθοῦν προσεχῶς εἰς τὸ κοινόν.

Κατὰ τὴν χθεσινὴν ἡμέραν αἱ ἁρμόδιαι ὑπηρεσίαι συνέχισαν τὸ ἔργον των μὲ ἐντατικὸν ρυθμὸν, ἐνῷ τὰ ἀποτελέσματα ἀναμένεται νὰ ἀνακοινωθοῦν προσεχῶς εἰς τὸ κοινόν. Κατὰ τὴν χθεσινὴν ἡμέραν αἱ ἁρμόδιαι ὑπηρεσίαι συνέχισαν τὸ ἔργον των μὲ ἐντατικὸν ρυθμὸν, ἐνῷ τὰ ἀποτελέσματα ἀναμένεται νὰ ἀνακοινωθοῦν προσεχῶς εἰς τὸ κοινόν. Κατὰ τὴν χθεσινὴν ἡμέραν αἱ ἁρμόδιαι ὑπηρεσίαι συνέχισαν τὸ ἔργον των μὲ ἐντατικὸν ρυθμὸν, ἐνῷ τὰ ἀποτελέσματα ἀναμένεται νὰ ἀνακοινωθοῦν προσεχῶς εἰς τὸ κοινόν.

Κατὰ τὴν χθεσινὴν ἡμέραν αἱ ἁρμόδιαι ὑπηρεσίαι συνέχισαν τὸ ἔργον των μὲ ἐντατικὸν ρυθμὸν, ἐνῷ τὰ ἀποτελέσματα ἀναμένεται νὰ ἀνακοινωθοῦν προσεχῶς εἰς τὸ κοινόν. Κατὰ τὴν χθεσινὴν ἡμέραν αἱ ἁρμόδιαι ὑπηρεσίαι συνέχισαν τὸ ἔργον των μὲ ἐντατικὸν ρυθμὸν, ἐνῷ τὰ ἀποτελέσματα ἀναμένεται νὰ ἀνακοινωθοῦν προσεχῶς εἰς τὸ κοινόν. Κατὰ τὴν χθεσινὴν ἡμέραν αἱ ἁρμόδιαι ὑπηρεσίαι συνέχισαν τὸ ἔργον των μὲ ἐντατικὸν ρυθμὸν, ἐνῷ τὰ ἀποτελέσματα ἀναμένεται νὰ ἀνακοινωθοῦν προσεχῶς εἰς τὸ κοινόν.

Κατὰ τὴν χθεσινὴν ἡμέραν αἱ ἁρμόδιαι ὑπηρεσίαι συνέχισαν τὸ ἔργον των μὲ ἐντατικὸν ρυθμὸν, ἐνῷ τὰ ἀποτελέσματα ἀναμένεται νὰ ἀνακοινωθοῦν προσεχῶς εἰς τὸ κοινόν. Κατὰ τὴν χθεσινὴν ἡμέραν αἱ ἁρμόδιαι ὑπηρεσίαι συνέχισαν τὸ ἔργον των μὲ ἐντατικὸν ρυθμὸν, ἐνῷ τὰ ἀποτελέσματα ἀναμένεται νὰ ἀνακοινωθοῦν προσεχῶς εἰς τὸ κοινόν. Κατὰ τὴν χθεσινὴν ἡμέραν αἱ ἁρμόδιαι ὑπηρεσίαι συνέχισαν τὸ ἔργον των μὲ ἐντατικὸν ρυθμὸν, ἐνῷ τὰ ἀποτελέσματα ἀναμένεται νὰ ἀνακοινωθοῦν προσεχῶς εἰς τὸ κοινόν.

Κατὰ τὴν χθεσινὴν ἡμέραν αἱ ἁρμόδιαι ὑπηρεσίαι συνέχισαν τὸ ἔργον των μὲ ἐντατικὸν ρυθμὸν, ἐνῷ τὰ ἀποτελέσματα ἀναμένεται νὰ ἀνακοινωθοῦν προσεχῶς εἰς τὸ κοινόν. Κατὰ τὴν χθεσινὴν ἡμέραν αἱ ἁρμόδιαι ὑπηρεσίαι συνέχισαν τὸ ἔργον των μὲ ἐντατικὸν ρυθμὸν, ἐνῷ τὰ ἀποτελέσματα ἀναμένεται νὰ ἀνακοινωθοῦν προσεχῶς εἰς τὸ κοινόν. Κατὰ τὴν χθεσινὴν ἡμέραν αἱ ἁρμόδιαι ὑπηρεσίαι συνέχισαν τὸ ἔργον των μὲ ἐντατικὸν ρυθμὸν, ἐνῷ τὰ ἀποτελέσματα ἀναμένεται νὰ ἀνακοινωθοῦν προσεχῶς εἰς τὸ κοινόν.

Κατὰ τὴν χθεσινὴν ἡμέραν αἱ ἁρμόδιαι ὑπηρεσίαι συνέχισαν τὸ ἔργον των μὲ ἐντατικὸν ρυθμὸν, ἐνῷ τὰ ἀποτελέσματα ἀναμένεται νὰ ἀνακοινωθοῦν προσεχῶς εἰς τὸ κοινόν. Κατὰ τὴν χθεσινὴν ἡμέραν αἱ ἁρμόδιαι ὑπηρεσίαι συνέχισαν τὸ ἔργον των μὲ ἐντατικὸν ρυθμὸν, ἐνῷ τὰ ἀποτελέσματα ἀναμένεται νὰ ἀνακοινωθοῦν προσεχῶς εἰς τὸ κοινόν. Κατὰ τὴν χθεσινὴν ἡμέραν αἱ ἁρμόδιαι ὑπηρεσίαι συνέχισαν τὸ ἔργον των μὲ ἐντατικὸν ρυθμὸν, ἐνῷ τὰ ἀποτελέσματα ἀναμένεται νὰ ἀνακοινωθοῦν προσεχῶς εἰς τὸ κοινόν.

Κατὰ τὴν χθεσινὴν ἡμέραν αἱ ἁρμόδιαι ὑπηρεσίαι συνέχισαν τὸ ἔργον των μὲ ἐντατικὸν ρυθμὸν, ἐνῷ τὰ ἀποτελέσματα ἀναμένεται νὰ ἀνακοινωθοῦν προσεχῶς εἰς τὸ κοινόν. Κατὰ τὴν χθεσινὴν ἡμέραν αἱ ἁρμόδιαι ὑπηρεσίαι συνέχισαν τὸ ἔργον των μὲ ἐντατικὸν ρυθμὸν, ἐνῷ τὰ ἀποτελέσματα ἀναμένεται νὰ ἀνακοινωθοῦν προσεχῶς εἰς τὸ κοινόν. Κατὰ τὴν χθεσινὴν ἡμέραν αἱ ἁρμόδιαι ὑπηρεσίαι συνέχισαν τὸ ἔργον των μὲ ἐντατικὸν ρυθμὸν, ἐνῷ τὰ ἀποτελέσματα ἀναμένεται νὰ ἀνακοινωθοῦν προσεχῶς εἰς τὸ κοινόν.

Κατὰ τὴν χθεσινὴν ἡμέραν αἱ ἁρμόδιαι ὑπηρεσίαι συνέχισαν τὸ ἔργον των μὲ ἐντατικὸν ρυθμὸν, ἐνῷ τὰ ἀποτελέσματα ἀναμένεται νὰ ἀνακοινωθοῦν προσεχῶς εἰς τὸ κοινόν. Κατὰ τὴν χθεσινὴν ἡμέραν αἱ ἁρμόδιαι ὑπηρεσίαι συνέχισαν τὸ ἔργον των μὲ ἐντατικὸν ρυθμὸν, ἐνῷ τὰ ἀποτελέσματα ἀναμένεται νὰ ἀνακοινωθοῦν προσεχῶς εἰς τὸ κοινόν. Κατὰ τὴν χθεσινὴν ἡμέραν αἱ ἁρμόδιαι ὑπηρεσίαι συνέχισαν τὸ ἔργον των μὲ ἐντατικὸν ρυθμὸν, ἐνῷ τὰ ἀποτελέσματα ἀναμένεται νὰ ἀνακοινωθοῦν προσεχῶς εἰς τὸ κοινόν.

Κατὰ τὴν χθεσινὴν ἡμέραν αἱ ἁρμόδιαι ὑπηρεσίαι συνέχισαν τὸ ἔργον των μὲ ἐντατικὸν ρυθμὸν, ἐνῷ τὰ ἀποτελέσματα ἀναμένεται νὰ ἀνακοινωθοῦν προσεχῶς εἰς τὸ κοινόν. Κατὰ τὴν χθεσινὴν ἡμέραν αἱ ἁρμόδιαι ὑπηρεσίαι συνέχισαν τὸ ἔργον των μὲ ἐντατικὸν ρυθμὸν, ἐνῷ τὰ ἀποτελέσματα ἀναμένεται νὰ ἀνακοινωθοῦν προσεχῶς εἰς τὸ κοινόν. Κατὰ τὴν χθεσινὴν ἡμέραν αἱ ἁρμόδιαι ὑπηρεσίαι συνέχισαν τὸ ἔργον των μὲ ἐντατικὸν ρυθμὸν, ἐνῷ τὰ ἀποτελέσματα ἀναμένεται νὰ ἀνακοινωθοῦν προσεχῶς εἰς τὸ κοινόν.

Κατὰ τὴν χθεσινὴν ἡμέραν αἱ ἁρμόδιαι ὑπηρεσίαι συνέχισαν τὸ ἔργον των μὲ ἐντατικὸν ρυθμὸν, ἐνῷ τὰ ἀποτελέσματα ἀναμένεται νὰ ἀνακοινωθοῦν προσεχῶς εἰς τὸ κοινόν. Κατὰ τὴν χθεσινὴν ἡμέραν αἱ ἁρμόδιαι ὑπηρεσίαι συνέχισαν τὸ ἔργον των μὲ ἐντατικὸν ρυθμὸν, ἐνῷ τὰ ἀποτελέσματα ἀναμένεται νὰ ἀνακοινωθοῦν προσεχῶς εἰς τὸ κοινόν. Κατὰ τὴν χθεσινὴν ἡμέραν αἱ ἁρμόδιαι ὑπηρεσίαι συνέχισαν τὸ ἔργον των μὲ ἐντατικὸν ρυθμὸν, ἐνῷ τὰ ἀποτελέσματα ἀναμένεται νὰ ἀνακοινωθοῦν προσεχῶς εἰς τὸ κοινόν.

Κατὰ τὴν χθεσινὴν ἡμέραν αἱ ἁρμόδιαι ὑπηρεσίαι συνέχισαν τὸ ἔργον των μὲ ἐντατικὸν ρυθμὸν, ἐνῷ τὰ ἀποτελέσματα ἀναμένεται νὰ ἀνακοινωθοῦν προσεχῶς εἰς τὸ κοινόν. Κατὰ τὴν χθεσινὴν ἡμέραν αἱ ἁρμόδιαι ὑπηρεσίαι συνέχισαν τὸ ἔργον των μὲ ἐντατικὸν ρυθμὸν, ἐνῷ τὰ ἀποτελέσματα ἀναμένεται νὰ ἀνακοινωθοῦν προσεχῶς εἰς τὸ κοινόν. Κατὰ τὴν χθεσινὴν ἡμέραν αἱ ἁρμόδιαι ὑπηρεσίαι συνέχισαν τὸ ἔργον των μὲ ἐντατικὸν ρυθμὸν, ἐνῷ τὰ ἀποτελέσματα ἀναμένεται νὰ ἀνακοινωθοῦν προσεχῶς εἰς τὸ κοινόν.

Κατὰ τὴν χθεσινὴν ἡμέραν αἱ ἁρμόδιαι ὑπηρεσίαι συνέχισαν τὸ ἔργον των μὲ ἐντατικὸν ρυθμὸν, ἐνῷ τὰ ἀποτελέσματα ἀναμένεται νὰ ἀνακοινωθοῦν προσεχῶς εἰς τὸ κοινόν. Κατὰ τὴν χθεσινὴν ἡμέραν αἱ ἁρμόδιαι ὑπηρεσίαι συνέχισαν τὸ ἔργον των μὲ ἐντατικὸν ρυθμὸν, ἐνῷ τὰ ἀποτελέσματα ἀναμένεται νὰ ἀνακοινωθοῦν προσεχῶς εἰς τὸ κοινόν. Κατὰ τὴν χθεσινὴν ἡμέραν αἱ ἁρμόδιαι ὑπηρεσίαι συνέχισαν τὸ ἔργον των μὲ ἐντατικὸν ρυθμὸν, ἐνῷ τὰ ἀποτελέσματα ἀναμένεται νὰ ἀνακοινωθοῦν προσεχῶς εἰς τὸ κοινόν.

Κατὰ τὴν χθεσινὴν ἡμέραν αἱ ἁρμόδιαι ὑπηρεσίαι συνέχισαν τὸ ἔργον των μὲ ἐντατικὸν ρυθμὸν, ἐνῷ τὰ ἀποτελέσματα ἀναμένεται νὰ ἀνακοινωθοῦν προσεχῶς εἰς τὸ κοινόν. Κατὰ τὴν χθεσινὴν ἡμέραν αἱ ἁρμόδιαι ὑπηρεσίαι συνέχισαν τὸ ἔργον των μὲ ἐντατικὸν ρυθμὸν, ἐνῷ τὰ ἀποτελέσματα ἀναμένεται νὰ ἀνακοινωθοῦν προσεχῶς εἰς τὸ κοινόν. Κατὰ τὴν χθεσινὴν ἡμέραν αἱ ἁρμόδιαι ὑπηρεσίαι συνέχισαν τὸ ἔργον των μὲ ἐντατικὸν ρυθμὸν, ἐνῷ τὰ ἀποτελέσματα ἀναμένεται νὰ ἀνακοινωθοῦν προσεχῶς εἰς τὸ κοινόν.

Σελίς 9
Ο ΝΙΞΟΝ ΕΝΔΕΧΕΤΑΙ ΝΑ ΕΠΙΦΕΡΗ ΠΕΡΙΚΟΠΑΣ ΕΙΣ ΤΑΣ ΠΙΣΤΩΣΕΙΣ ΔΙΑ ΤΟ ΔΙΑΣΤΗΜΑ ΑΦΟΥ ΤΟ ΟΛΟΝ ΘΕΜΑ ΜΕΛΕΤΗΘΗ ΚΑΛΩΣ

ΚΥ ΜΠΙΣΚΑΙΗΝ, 10. — Ὁ Πρόεδρος Νίξον ἐνδέχεται νὰ ἐπιφέρῃ περικοπὰς εἰς τὰς πιστώσεις διὰ τὸ διαστημικὸν πρόγραμμα, ἀφοῦ τὸ ὅλον θέμα μελετηθῇ καλῶς ὑπὸ τῶν ἁρμοδίων.

ΕΠΟΣ ΑΝΕΥ ΠΡΟΗΓΟΥΜΕΝΟΥ

ΝΕΑ ΥΟΡΚΗ, 10. — Ἡ ἀποστολὴ τοῦ «Ἀπόλλων 8» χαρακτηρίζεται ὡς ἔπος ἄνευ προηγουμένου εἰς τὴν ἱστορίαν τῆς ἀνθρωπότητος.

ΤΗΛΕΤΗΛΕΦΩΝΙΚΑΙ
ΠΕΡΙΟΔΕΙΑ ΤΟΥ ΜΠΟΡΜΑΝ

ΒΡΥΞΕΛΛΑΙ, 10. — Ὁ ἀστροναύτης Μπόρμαν συνεχίζει τὴν περιοδείαν του εἰς τὰς εὐρωπαϊκὰς πρωτευούσας.

ΑΠΟΤΥΧΙΑΝ ΕΣΗΜΕΙΩΣΕΝ Η ΠΡΟΣΠΑΘΕΙΑ ΤΩΝ ΒΡΕΤΑΝΝΩΝ «ΝΕΩΤΕΡΙΣΤΩΝ» ΝΑ ΑΛΛΑΞΟΥΝ ΤΟ ΣΩΦΡΟΝΙΣΤΙΚΟΝ ΣΥΣΤΗΜΑ

ΛΟΝΔΙΝΟΝ, 10. — Ἀποτυχίαν ἐσημείωσεν ἡ προσπάθεια τῶν Βρεταννῶν «νεωτεριστῶν» νὰ ἀλλάξουν τὸ σωφρονιστικὸν σύστημα τῆς χώρας. Ἡ πρότασις ἀπερρίφθη ὑπὸ τῆς Βουλῆς τῶν Κοινοτήτων.

ΠΡΩΤΟΝ ΣΦΑΛΜΑ

Ὁ μεταρρυθμιστὴς ὁμολόγησεν ὅτι τὸ πρῶτον σφάλμα ἦτο ἡ ὑποτίμησις τῶν ἀντιδράσεων τῆς κοινῆς γνώμης.

ΗΥΞΗΜΕΝΗ ΕΝΕΦΑΝΙΣΘΗ Η ΔΡΑΣΤΗΡΙΟΤΗΣ ΤΩΝ ΟΡΓΑΝΩΝ ΤΗΣ ΑΜΕΣΟΥ ΕΦΑΡΜΟΓΗΣ ΚΑΤΑ ΤΟΝ ΜΗΝΑ ΙΑΝΟΥΑΡΙΟΝ ΕΙΣ ΑΘΗΝΑΣ

ΑΘΗΝΑΙ, 10. — Κατὰ τὸν μῆνα Ἰανουάριον ηὐξημένη ἐνεφανίσθη ἡ δραστηριότης τῶν ὀργάνων τῆς ἀμέσου ἐφαρμογῆς. Ἐπεβλήθησαν πρόστιμα καὶ διενεργήθησαν ἔλεγχοι εἰς καταστήματα.

22 ΝΕΟΠΡΟΑΧΘΕΝΤΕΣ ΓΕΝ. ΚΟΙ ΕΠΙΘΕΩΡΗΤΑΙ ΤΗΣ ΜΕΣΗΣ ΕΤΟΠΟΘΕΤΗΘΗΣΑΝ ΕΙΣ ΤΑΣ ΚΕΝΑΣ ΟΡΓΑΝΙΚΑΣ ΘΕΣΕΙΣ

ΑΘΗΝΑΙ, 10. — Διὰ ἀποφάσεως τοῦ Ὑπουργοῦ Παιδείας τοποθετοῦνται εἰς κενὰς ὀργανικὰς θέσεις οἱ κάτωθι νεοπροαχθέντες Γενικοὶ Ἐπιθεωρηταί.

Ο Κ. ΠΡΩΘΥΠΟΥΡΓΟΣ ΕΞΑΙΡΕΙ ΤΗΝ ΑΝΑΓΚΗΝ ΤΗΣ ΠΟΛΙΤΙΚΗΣ ΑΓΩΓΗΣ ΤΩΝ ΕΛΛΗΝΩΝ

Ὁ Πρωθυπουργὸς ἐξῆρε τὴν ἀνάγκην τῆς πολιτικῆς ἀγωγῆς τῶν Ἑλλήνων, ὥστε νὰ ἀνταποκρίνωνται εἰς τὰς ὑποχρεώσεις των ἔναντι τῆς κοινωνίας.

Κατὰ τὴν χθεσινὴν ἡμέραν αἱ ἁρμόδιαι ὑπηρεσίαι συνέχισαν τὸ ἔργον των μὲ ἐντατικὸν ρυθμὸν, ἐνῷ τὰ ἀποτελέσματα ἀναμένεται νὰ ἀνακοινωθοῦν προσεχῶς εἰς τὸ κοινόν. Κατὰ τὴν χθεσινὴν ἡμέραν αἱ ἁρμόδιαι ὑπηρεσίαι συνέχισαν τὸ ἔργον των μὲ ἐντατικὸν ρυθμὸν, ἐνῷ τὰ ἀποτελέσματα ἀναμένεται νὰ ἀνακοινωθοῦν προσεχῶς εἰς τὸ κοινόν. Κατὰ τὴν χθεσινὴν ἡμέραν αἱ ἁρμόδιαι ὑπηρεσίαι συνέχισαν τὸ ἔργον των μὲ ἐντατικὸν ρυθμὸν, ἐνῷ τὰ ἀποτελέσματα ἀναμένεται νὰ ἀνακοινωθοῦν προσεχῶς εἰς τὸ κοινόν.

Κατὰ τὴν χθεσινὴν ἡμέραν αἱ ἁρμόδιαι ὑπηρεσίαι συνέχισαν τὸ ἔργον των μὲ ἐντατικὸν ρυθμὸν, ἐνῷ τὰ ἀποτελέσματα ἀναμένεται νὰ ἀνακοινωθοῦν προσεχῶς εἰς τὸ κοινόν. Κατὰ τὴν χθεσινὴν ἡμέραν αἱ ἁρμόδιαι ὑπηρεσίαι συνέχισαν τὸ ἔργον των μὲ ἐντατικὸν ρυθμὸν, ἐνῷ τὰ ἀποτελέσματα ἀναμένεται νὰ ἀνακοινωθοῦν προσεχῶς εἰς τὸ κοινόν. Κατὰ τὴν χθεσινὴν ἡμέραν αἱ ἁρμόδιαι ὑπηρεσίαι συνέχισαν τὸ ἔργον των μὲ ἐντατικὸν ρυθμὸν, ἐνῷ τὰ ἀποτελέσματα ἀναμένεται νὰ ἀνακοινωθοῦν προσεχῶς εἰς τὸ κοινόν.

Κατὰ τὴν χθεσινὴν ἡμέραν αἱ ἁρμόδιαι ὑπηρεσίαι συνέχισαν τὸ ἔργον των μὲ ἐντατικὸν ρυθμὸν, ἐνῷ τὰ ἀποτελέσματα ἀναμένεται νὰ ἀνακοινωθοῦν προσεχῶς εἰς τὸ κοινόν. Κατὰ τὴν χθεσινὴν ἡμέραν αἱ ἁρμόδιαι ὑπηρεσίαι συνέχισαν τὸ ἔργον των μὲ ἐντατικὸν ρυθμὸν, ἐνῷ τὰ ἀποτελέσματα ἀναμένεται νὰ ἀνακοινωθοῦν προσεχῶς εἰς τὸ κοινόν. Κατὰ τὴν χθεσινὴν ἡμέραν αἱ ἁρμόδιαι ὑπηρεσίαι συνέχισαν τὸ ἔργον των μὲ ἐντατικὸν ρυθμὸν, ἐνῷ τὰ ἀποτελέσματα ἀναμένεται νὰ ἀνακοινωθοῦν προσεχῶς εἰς τὸ κοινόν.

Κατὰ τὴν χθεσινὴν ἡμέραν αἱ ἁρμόδιαι ὑπηρεσίαι συνέχισαν τὸ ἔργον των μὲ ἐντατικὸν ρυθμὸν, ἐνῷ τὰ ἀποτελέσματα ἀναμένεται νὰ ἀνακοινωθοῦν προσεχῶς εἰς τὸ κοινόν. Κατὰ τὴν χθεσινὴν ἡμέραν αἱ ἁρμόδιαι ὑπηρεσίαι συνέχισαν τὸ ἔργον των μὲ ἐντατικὸν ρυθμὸν, ἐνῷ τὰ ἀποτελέσματα ἀναμένεται νὰ ἀνακοινωθοῦν προσεχῶς εἰς τὸ κοινόν. Κατὰ τὴν χθεσινὴν ἡμέραν αἱ ἁρμόδιαι ὑπηρεσίαι συνέχισαν τὸ ἔργον των μὲ ἐντατικὸν ρυθμὸν, ἐνῷ τὰ ἀποτελέσματα ἀναμένεται νὰ ἀνακοινωθοῦν προσεχῶς εἰς τὸ κοινόν.

Κατὰ τὴν χθεσινὴν ἡμέραν αἱ ἁρμόδιαι ὑπηρεσίαι συνέχισαν τὸ ἔργον των μὲ ἐντατικὸν ρυθμὸν, ἐνῷ τὰ ἀποτελέσματα ἀναμένεται νὰ ἀνακοινωθοῦν προσεχῶς εἰς τὸ κοινόν. Κατὰ τὴν χθεσινὴν ἡμέραν αἱ ἁρμόδιαι ὑπηρεσίαι συνέχισαν τὸ ἔργον των μὲ ἐντατικὸν ρυθμὸν, ἐνῷ τὰ ἀποτελέσματα ἀναμένεται νὰ ἀνακοινωθοῦν προσεχῶς εἰς τὸ κοινόν. Κατὰ τὴν χθεσινὴν ἡμέραν αἱ ἁρμόδιαι ὑπηρεσίαι συνέχισαν τὸ ἔργον των μὲ ἐντατικὸν ρυθμὸν, ἐνῷ τὰ ἀποτελέσματα ἀναμένεται νὰ ἀνακοινωθοῦν προσεχῶς εἰς τὸ κοινόν.

Κατὰ τὴν χθεσινὴν ἡμέραν αἱ ἁρμόδιαι ὑπηρεσίαι συνέχισαν τὸ ἔργον των μὲ ἐντατικὸν ρυθμὸν, ἐνῷ τὰ ἀποτελέσματα ἀναμένεται νὰ ἀνακοινωθοῦν προσεχῶς εἰς τὸ κοινόν. Κατὰ τὴν χθεσινὴν ἡμέραν αἱ ἁρμόδιαι ὑπηρεσίαι συνέχισαν τὸ ἔργον των μὲ ἐντατικὸν ρυθμὸν, ἐνῷ τὰ ἀποτελέσματα ἀναμένεται νὰ ἀνακοινωθοῦν προσεχῶς εἰς τὸ κοινόν. Κατὰ τὴν χθεσινὴν ἡμέραν αἱ ἁρμόδιαι ὑπηρεσίαι συνέχισαν τὸ ἔργον των μὲ ἐντατικὸν ρυθμὸν, ἐνῷ τὰ ἀποτελέσματα ἀναμένεται νὰ ἀνακοινωθοῦν προσεχῶς εἰς τὸ κοινόν.

Κατὰ τὴν χθεσινὴν ἡμέραν αἱ ἁρμόδιαι ὑπηρεσίαι συνέχισαν τὸ ἔργον των μὲ ἐντατικὸν ρυθμὸν, ἐνῷ τὰ ἀποτελέσματα ἀναμένεται νὰ ἀνακοινωθοῦν προσεχῶς εἰς τὸ κοινόν. Κατὰ τὴν χθεσινὴν ἡμέραν αἱ ἁρμόδιαι ὑπηρεσίαι συνέχισαν τὸ ἔργον των μὲ ἐντατικὸν ρυθμὸν, ἐνῷ τὰ ἀποτελέσματα ἀναμένεται νὰ ἀνακοινωθοῦν προσεχῶς εἰς τὸ κοινόν. Κατὰ τὴν χθεσινὴν ἡμέραν αἱ ἁρμόδιαι ὑπηρεσίαι συνέχισαν τὸ ἔργον των μὲ ἐντατικὸν ρυθμὸν, ἐνῷ τὰ ἀποτελέσματα ἀναμένεται νὰ ἀνακοινωθοῦν προσεχῶς εἰς τὸ κοινόν.

Κατὰ τὴν χθεσινὴν ἡμέραν αἱ ἁρμόδιαι ὑπηρεσίαι συνέχισαν τὸ ἔργον των μὲ ἐντατικὸν ρυθμὸν, ἐνῷ τὰ ἀποτελέσματα ἀναμένεται νὰ ἀνακοινωθοῦν προσεχῶς εἰς τὸ κοινόν. Κατὰ τὴν χθεσινὴν ἡμέραν αἱ ἁρμόδιαι ὑπηρεσίαι συνέχισαν τὸ ἔργον των μὲ ἐντατικὸν ρυθμὸν, ἐνῷ τὰ ἀποτελέσματα ἀναμένεται νὰ ἀνακοινωθοῦν προσεχῶς εἰς τὸ κοινόν. Κατὰ τὴν χθεσινὴν ἡμέραν αἱ ἁρμόδιαι ὑπηρεσίαι συνέχισαν τὸ ἔργον των μὲ ἐντατικὸν ρυθμὸν, ἐνῷ τὰ ἀποτελέσματα ἀναμένεται νὰ ἀνακοινωθοῦν προσεχῶς εἰς τὸ κοινόν.

Κατὰ τὴν χθεσινὴν ἡμέραν αἱ ἁρμόδιαι ὑπηρεσίαι συνέχισαν τὸ ἔργον των μὲ ἐντατικὸν ρυθμὸν, ἐνῷ τὰ ἀποτελέσματα ἀναμένεται νὰ ἀνακοινωθοῦν προσεχῶς εἰς τὸ κοινόν. Κατὰ τὴν χθεσινὴν ἡμέραν αἱ ἁρμόδιαι ὑπηρεσίαι συνέχισαν τὸ ἔργον των μὲ ἐντατικὸν ρυθμὸν, ἐνῷ τὰ ἀποτελέσματα ἀναμένεται νὰ ἀνακοινωθοῦν προσεχῶς εἰς τὸ κοινόν. Κατὰ τὴν χθεσινὴν ἡμέραν αἱ ἁρμόδιαι ὑπηρεσίαι συνέχισαν τὸ ἔργον των μὲ ἐντατικὸν ρυθμὸν, ἐνῷ τὰ ἀποτελέσματα ἀναμένεται νὰ ἀνακοινωθοῦν προσεχῶς εἰς τὸ κοινόν.

Κατὰ τὴν χθεσινὴν ἡμέραν αἱ ἁρμόδιαι ὑπηρεσίαι συνέχισαν τὸ ἔργον των μὲ ἐντατικὸν ρυθμὸν, ἐνῷ τὰ ἀποτελέσματα ἀναμένεται νὰ ἀνακοινωθοῦν προσεχῶς εἰς τὸ κοινόν. Κατὰ τὴν χθεσινὴν ἡμέραν αἱ ἁρμόδιαι ὑπηρεσίαι συνέχισαν τὸ ἔργον των μὲ ἐντατικὸν ρυθμὸν, ἐνῷ τὰ ἀποτελέσματα ἀναμένεται νὰ ἀνακοινωθοῦν προσεχῶς εἰς τὸ κοινόν. Κατὰ τὴν χθεσινὴν ἡμέραν αἱ ἁρμόδιαι ὑπηρεσίαι συνέχισαν τὸ ἔργον των μὲ ἐντατικὸν ρυθμὸν, ἐνῷ τὰ ἀποτελέσματα ἀναμένεται νὰ ἀνακοινωθοῦν προσεχῶς εἰς τὸ κοινόν.

Κατὰ τὴν χθεσινὴν ἡμέραν αἱ ἁρμόδιαι ὑπηρεσίαι συνέχισαν τὸ ἔργον των μὲ ἐντατικὸν ρυθμὸν, ἐνῷ τὰ ἀποτελέσματα ἀναμένεται νὰ ἀνακοινωθοῦν προσεχῶς εἰς τὸ κοινόν. Κατὰ τὴν χθεσινὴν ἡμέραν αἱ ἁρμόδιαι ὑπηρεσίαι συνέχισαν τὸ ἔργον των μὲ ἐντατικὸν ρυθμὸν, ἐνῷ τὰ ἀποτελέσματα ἀναμένεται νὰ ἀνακοινωθοῦν προσεχῶς εἰς τὸ κοινόν. Κατὰ τὴν χθεσινὴν ἡμέραν αἱ ἁρμόδιαι ὑπηρεσίαι συνέχισαν τὸ ἔργον των μὲ ἐντατικὸν ρυθμὸν, ἐνῷ τὰ ἀποτελέσματα ἀναμένεται νὰ ἀνακοινωθοῦν προσεχῶς εἰς τὸ κοινόν.

Κατὰ τὴν χθεσινὴν ἡμέραν αἱ ἁρμόδιαι ὑπηρεσίαι συνέχισαν τὸ ἔργον των μὲ ἐντατικὸν ρυθμὸν, ἐνῷ τὰ ἀποτελέσματα ἀναμένεται νὰ ἀνακοινωθοῦν προσεχῶς εἰς τὸ κοινόν. Κατὰ τὴν χθεσινὴν ἡμέραν αἱ ἁρμόδιαι ὑπηρεσίαι συνέχισαν τὸ ἔργον των μὲ ἐντατικὸν ρυθμὸν, ἐνῷ τὰ ἀποτελέσματα ἀναμένεται νὰ ἀνακοινωθοῦν προσεχῶς εἰς τὸ κοινόν. Κατὰ τὴν χθεσινὴν ἡμέραν αἱ ἁρμόδιαι ὑπηρεσίαι συνέχισαν τὸ ἔργον των μὲ ἐντατικὸν ρυθμὸν, ἐνῷ τὰ ἀποτελέσματα ἀναμένεται νὰ ἀνακοινωθοῦν προσεχῶς εἰς τὸ κοινόν.

Κατὰ τὴν χθεσινὴν ἡμέραν αἱ ἁρμόδιαι ὑπηρεσίαι συνέχισαν τὸ ἔργον των μὲ ἐντατικὸν ρυθμὸν, ἐνῷ τὰ ἀποτελέσματα ἀναμένεται νὰ ἀνακοινωθοῦν προσεχῶς εἰς τὸ κοινόν. Κατὰ τὴν χθεσινὴν ἡμέραν αἱ ἁρμόδιαι ὑπηρεσίαι συνέχισαν τὸ ἔργον των μὲ ἐντατικὸν ρυθμὸν, ἐνῷ τὰ ἀποτελέσματα ἀναμένεται νὰ ἀνακοινωθοῦν προσεχῶς εἰς τὸ κοινόν. Κατὰ τὴν χθεσινὴν ἡμέραν αἱ ἁρμόδιαι ὑπηρεσίαι συνέχισαν τὸ ἔργον των μὲ ἐντατικὸν ρυθμὸν, ἐνῷ τὰ ἀποτελέσματα ἀναμένεται νὰ ἀνακοινωθοῦν προσεχῶς εἰς τὸ κοινόν.

Κατὰ τὴν χθεσινὴν ἡμέραν αἱ ἁρμόδιαι ὑπηρεσίαι συνέχισαν τὸ ἔργον των μὲ ἐντατικὸν ρυθμὸν, ἐνῷ τὰ ἀποτελέσματα ἀναμένεται νὰ ἀνακοινωθοῦν προσεχῶς εἰς τὸ κοινόν. Κατὰ τὴν χθεσινὴν ἡμέραν αἱ ἁρμόδιαι ὑπηρεσίαι συνέχισαν τὸ ἔργον των μὲ ἐντατικὸν ρυθμὸν, ἐνῷ τὰ ἀποτελέσματα ἀναμένεται νὰ ἀνακοινωθοῦν προσεχῶς εἰς τὸ κοινόν. Κατὰ τὴν χθεσινὴν ἡμέραν αἱ ἁρμόδιαι ὑπηρεσίαι συνέχισαν τὸ ἔργον των μὲ ἐντατικὸν ρυθμὸν, ἐνῷ τὰ ἀποτελέσματα ἀναμένεται νὰ ἀνακοινωθοῦν προσεχῶς εἰς τὸ κοινόν.

Κατὰ τὴν χθεσινὴν ἡμέραν αἱ ἁρμόδιαι ὑπηρεσίαι συνέχισαν τὸ ἔργον των μὲ ἐντατικὸν ρυθμὸν, ἐνῷ τὰ ἀποτελέσματα ἀναμένεται νὰ ἀνακοινωθοῦν προσεχῶς εἰς τὸ κοινόν. Κατὰ τὴν χθεσινὴν ἡμέραν αἱ ἁρμόδιαι ὑπηρεσίαι συνέχισαν τὸ ἔργον των μὲ ἐντατικὸν ρυθμὸν, ἐνῷ τὰ ἀποτελέσματα ἀναμένεται νὰ ἀνακοινωθοῦν προσεχῶς εἰς τὸ κοινόν. Κατὰ τὴν χθεσινὴν ἡμέραν αἱ ἁρμόδιαι ὑπηρεσίαι συνέχισαν τὸ ἔργον των μὲ ἐντατικὸν ρυθμὸν, ἐνῷ τὰ ἀποτελέσματα ἀναμένεται νὰ ἀνακοινωθοῦν προσεχῶς εἰς τὸ κοινόν.

Κατὰ τὴν χθεσινὴν ἡμέραν αἱ ἁρμόδιαι ὑπηρεσίαι συνέχισαν τὸ ἔργον των μὲ ἐντατικὸν ρυθμὸν, ἐνῷ τὰ ἀποτελέσματα ἀναμένεται νὰ ἀνακοινωθοῦν προσεχῶς εἰς τὸ κοινόν. Κατὰ τὴν χθεσινὴν ἡμέραν αἱ ἁρμόδιαι ὑπηρεσίαι συνέχισαν τὸ ἔργον των μὲ ἐντατικὸν ρυθμὸν, ἐνῷ τὰ ἀποτελέσματα ἀναμένεται νὰ ἀνακοινωθοῦν προσεχῶς εἰς τὸ κοινόν. Κατὰ τὴν χθεσινὴν ἡμέραν αἱ ἁρμόδιαι ὑπηρεσίαι συνέχισαν τὸ ἔργον των μὲ ἐντατικὸν ρυθμὸν, ἐνῷ τὰ ἀποτελέσματα ἀναμένεται νὰ ἀνακοινωθοῦν προσεχῶς εἰς τὸ κοινόν.

Κατὰ τὴν χθεσινὴν ἡμέραν αἱ ἁρμόδιαι ὑπηρεσίαι συνέχισαν τὸ ἔργον των μὲ ἐντατικὸν ρυθμὸν, ἐνῷ τὰ ἀποτελέσματα ἀναμένεται νὰ ἀνακοινωθοῦν προσεχῶς εἰς τὸ κοινόν. Κατὰ τὴν χθεσινὴν ἡμέραν αἱ ἁρμόδιαι ὑπηρεσίαι συνέχισαν τὸ ἔργον των μὲ ἐντατικὸν ρυθμὸν, ἐνῷ τὰ ἀποτελέσματα ἀναμένεται νὰ ἀνακοινωθοῦν προσεχῶς εἰς τὸ κοινόν. Κατὰ τὴν χθεσινὴν ἡμέραν αἱ ἁρμόδιαι ὑπηρεσίαι συνέχισαν τὸ ἔργον των μὲ ἐντατικὸν ρυθμὸν, ἐνῷ τὰ ἀποτελέσματα ἀναμένεται νὰ ἀνακοινωθοῦν προσεχῶς εἰς τὸ κοινόν.

Κατὰ τὴν χθεσινὴν ἡμέραν αἱ ἁρμόδιαι ὑπηρεσίαι συνέχισαν τὸ ἔργον των μὲ ἐντατικὸν ρυθμὸν, ἐνῷ τὰ ἀποτελέσματα ἀναμένεται νὰ ἀνακοινωθοῦν προσεχῶς εἰς τὸ κοινόν. Κατὰ τὴν χθεσινὴν ἡμέραν αἱ ἁρμόδιαι ὑπηρεσίαι συνέχισαν τὸ ἔργον των μὲ ἐντατικὸν ρυθμὸν, ἐνῷ τὰ ἀποτελέσματα ἀναμένεται νὰ ἀνακοινωθοῦν προσεχῶς εἰς τὸ κοινόν. Κατὰ τὴν χθεσινὴν ἡμέραν αἱ ἁρμόδιαι ὑπηρεσίαι συνέχισαν τὸ ἔργον των μὲ ἐντατικὸν ρυθμὸν, ἐνῷ τὰ ἀποτελέσματα ἀναμένεται νὰ ἀνακοινωθοῦν προσεχῶς εἰς τὸ κοινόν.

Κατὰ τὴν χθεσινὴν ἡμέραν αἱ ἁρμόδιαι ὑπηρεσίαι συνέχισαν τὸ ἔργον των μὲ ἐντατικὸν ρυθμὸν, ἐνῷ τὰ ἀποτελέσματα ἀναμένεται νὰ ἀνακοινωθοῦν προσεχῶς εἰς τὸ κοινόν. Κατὰ τὴν χθεσινὴν ἡμέραν αἱ ἁρμόδιαι ὑπηρεσίαι συνέχισαν τὸ ἔργον των μὲ ἐντατικὸν ρυθμὸν, ἐνῷ τὰ ἀποτελέσματα ἀναμένεται νὰ ἀνακοινωθοῦν προσεχῶς εἰς τὸ κοινόν. Κατὰ τὴν χθεσινὴν ἡμέραν αἱ ἁρμόδιαι ὑπηρεσίαι συνέχισαν τὸ ἔργον των μὲ ἐντατικὸν ρυθμὸν, ἐνῷ τὰ ἀποτελέσματα ἀναμένεται νὰ ἀνακοινωθοῦν προσεχῶς εἰς τὸ κοινόν.

ΣΤΟΜΑΧΙΚΑΙ ΔΙΑΤΑΡΑΞΑΙ

ΧΑΒΡΗ, 10. — Ὁ ἀστροναύτης Μπόρμαν ὑπέστη στομαχικὰς διαταραχάς, μὲ ἀποτέλεσμα νὰ ἀναβάλῃ τὸ πρόγραμμα τῶν ἐπισκέψεών του.

Ο ΣΙΡΡΑ ΑΠΟΧΩΡΕΙ

ΔΙΑΣΤΗΜΙΚΟΝ ΚΕΝΤΡΟΝ ΧΙΟΥΣΤΩΝ, 10. — Ὁ ἀστροναύτης Σίρρα ἀποχωρεῖ ἀπὸ τὴν Ὑπηρεσίαν Διαστήματος καὶ τὸ Ναυτικόν.

ΧΡΕΩΚΟΠΙΑ

Εὐρεσιτεχνία δὲν ἀνεγνωρίσθη καὶ ἡ ἐπιχείρησις ἐχρεωκόπησεν. Οἱ πιστωταὶ ἀξιοῦν τὴν ἐκκαθάρισιν τῆς περιουσίας.

ΣΥΝΕΧΕΙΑ ΕΚ ΤΗΣ 1ΗΣ ΣΕΛ.

Κατόπιν ἐπηκολούθησαν συζητήσεις διὰ τὰ θέματα τῆς παιδείας καὶ τῆς κοινωνικῆς πολιτικῆς.

Η ΠΟΛΙΤΙΚΗ ΑΓΩΓΗ

Ἡ πολιτικὴ ἀγωγὴ ἀποτελεῖ βασικὴν προϋπόθεσιν διὰ τὴν ὁμαλὴν λειτουργίαν τῆς δημοκρατίας καὶ τὴν πρόοδον τοῦ Ἔθνους.

ΥΠΑΡΧΟΥΝ ΑΠΟΣΤΟΛΑΙ

Ὑπάρχουν ἀποστολαὶ τὰς ὁποίας ἕκαστος πολίτης ὀφείλει νὰ ἐκπληρώσῃ διὰ τὴν πρόοδον τοῦ τόπου.

Κατὰ τὴν χθεσινὴν ἡμέραν αἱ ἁρμόδιαι ὑπηρεσίαι συνέχισαν τὸ ἔργον των μὲ ἐντατικὸν ρυθμὸν, ἐνῷ τὰ ἀποτελέσματα ἀναμένεται νὰ ἀνακοινωθοῦν προσεχῶς εἰς τὸ κοινόν. Κατὰ τὴν χθεσινὴν ἡμέραν αἱ ἁρμόδιαι ὑπηρεσίαι συνέχισαν τὸ ἔργον των μὲ ἐντατικὸν ρυθμὸν, ἐνῷ τὰ ἀποτελέσματα ἀναμένεται νὰ ἀνακοινωθοῦν προσεχῶς εἰς τὸ κοινόν. Κατὰ τὴν χθεσινὴν ἡμέραν αἱ ἁρμόδιαι ὑπηρεσίαι συνέχισαν τὸ ἔργον των μὲ ἐντατικὸν ρυθμὸν, ἐνῷ τὰ ἀποτελέσματα ἀναμένεται νὰ ἀνακοινωθοῦν προσεχῶς εἰς τὸ κοινόν.

Κατὰ τὴν χθεσινὴν ἡμέραν αἱ ἁρμόδιαι ὑπηρεσίαι συνέχισαν τὸ ἔργον των μὲ ἐντατικὸν ρυθμὸν, ἐνῷ τὰ ἀποτελέσματα ἀναμένεται νὰ ἀνακοινωθοῦν προσεχῶς εἰς τὸ κοινόν. Κατὰ τὴν χθεσινὴν ἡμέραν αἱ ἁρμόδιαι ὑπηρεσίαι συνέχισαν τὸ ἔργον των μὲ ἐντατικὸν ρυθμὸν, ἐνῷ τὰ ἀποτελέσματα ἀναμένεται νὰ ἀνακοινωθοῦν προσεχῶς εἰς τὸ κοινόν. Κατὰ τὴν χθεσινὴν ἡμέραν αἱ ἁρμόδιαι ὑπηρεσίαι συνέχισαν τὸ ἔργον των μὲ ἐντατικὸν ρυθμὸν, ἐνῷ τὰ ἀποτελέσματα ἀναμένεται νὰ ἀνακοινωθοῦν προσεχῶς εἰς τὸ κοινόν.

Κατὰ τὴν χθεσινὴν ἡμέραν αἱ ἁρμόδιαι ὑπηρεσίαι συνέχισαν τὸ ἔργον των μὲ ἐντατικὸν ρυθμὸν, ἐνῷ τὰ ἀποτελέσματα ἀναμένεται νὰ ἀνακοινωθοῦν προσεχῶς εἰς τὸ κοινόν. Κατὰ τὴν χθεσινὴν ἡμέραν αἱ ἁρμόδιαι ὑπηρεσίαι συνέχισαν τὸ ἔργον των μὲ ἐντατικὸν ρυθμὸν, ἐνῷ τὰ ἀποτελέσματα ἀναμένεται νὰ ἀνακοινωθοῦν προσεχῶς εἰς τὸ κοινόν. Κατὰ τὴν χθεσινὴν ἡμέραν αἱ ἁρμόδιαι ὑπηρεσίαι συνέχισαν τὸ ἔργον των μὲ ἐντατικὸν ρυθμὸν, ἐνῷ τὰ ἀποτελέσματα ἀναμένεται νὰ ἀνακοινωθοῦν προσεχῶς εἰς τὸ κοινόν.

Κατὰ τὴν χθεσινὴν ἡμέραν αἱ ἁρμόδιαι ὑπηρεσίαι συνέχισαν τὸ ἔργον των μὲ ἐντατικὸν ρυθμὸν, ἐνῷ τὰ ἀποτελέσματα ἀναμένεται νὰ ἀνακοινωθοῦν προσεχῶς εἰς τὸ κοινόν. Κατὰ τὴν χθεσινὴν ἡμέραν αἱ ἁρμόδιαι ὑπηρεσίαι συνέχισαν τὸ ἔργον των μὲ ἐντατικὸν ρυθμὸν, ἐνῷ τὰ ἀποτελέσματα ἀναμένεται νὰ ἀνακοινωθοῦν προσεχῶς εἰς τὸ κοινόν. Κατὰ τὴν χθεσινὴν ἡμέραν αἱ ἁρμόδιαι ὑπηρεσίαι συνέχισαν τὸ ἔργον των μὲ ἐντατικὸν ρυθμὸν, ἐνῷ τὰ ἀποτελέσματα ἀναμένεται νὰ ἀνακοινωθοῦν προσεχῶς εἰς τὸ κοινόν.

Κατὰ τὴν χθεσινὴν ἡμέραν αἱ ἁρμόδιαι ὑπηρεσίαι συνέχισαν τὸ ἔργον των μὲ ἐντατικὸν ρυθμὸν, ἐνῷ τὰ ἀποτελέσματα ἀναμένεται νὰ ἀνακοινωθοῦν προσεχῶς εἰς τὸ κοινόν. Κατὰ τὴν χθεσινὴν ἡμέραν αἱ ἁρμόδιαι ὑπηρεσίαι συνέχισαν τὸ ἔργον των μὲ ἐντατικὸν ρυθμὸν, ἐνῷ τὰ ἀποτελέσματα ἀναμένεται νὰ ἀνακοινωθοῦν προσεχῶς εἰς τὸ κοινόν. Κατὰ τὴν χθεσινὴν ἡμέραν αἱ ἁρμόδιαι ὑπηρεσίαι συνέχισαν τὸ ἔργον των μὲ ἐντατικὸν ρυθμὸν, ἐνῷ τὰ ἀποτελέσματα ἀναμένεται νὰ ἀνακοινωθοῦν προσεχῶς εἰς τὸ κοινόν.

Κατὰ τὴν χθεσινὴν ἡμέραν αἱ ἁρμόδιαι ὑπηρεσίαι συνέχισαν τὸ ἔργον των μὲ ἐντατικὸν ρυθμὸν, ἐνῷ τὰ ἀποτελέσματα ἀναμένεται νὰ ἀνακοινωθοῦν προσεχῶς εἰς τὸ κοινόν. Κατὰ τὴν χθεσινὴν ἡμέραν αἱ ἁρμόδιαι ὑπηρεσίαι συνέχισαν τὸ ἔργον των μὲ ἐντατικὸν ρυθμὸν, ἐνῷ τὰ ἀποτελέσματα ἀναμένεται νὰ ἀνακοινωθοῦν προσεχῶς εἰς τὸ κοινόν. Κατὰ τὴν χθεσινὴν ἡμέραν αἱ ἁρμόδιαι ὑπηρεσίαι συνέχισαν τὸ ἔργον των μὲ ἐντατικὸν ρυθμὸν, ἐνῷ τὰ ἀποτελέσματα ἀναμένεται νὰ ἀνακοινωθοῦν προσεχῶς εἰς τὸ κοινόν.

Κατὰ τὴν χθεσινὴν ἡμέραν αἱ ἁρμόδιαι ὑπηρεσίαι συνέχισαν τὸ ἔργον των μὲ ἐντατικὸν ρυθμὸν, ἐνῷ τὰ ἀποτελέσματα ἀναμένεται νὰ ἀνακοινωθοῦν προσεχῶς εἰς τὸ κοινόν. Κατὰ τὴν χθεσινὴν ἡμέραν αἱ ἁρμόδιαι ὑπηρεσίαι συνέχισαν τὸ ἔργον των μὲ ἐντατικὸν ρυθμὸν, ἐνῷ τὰ ἀποτελέσματα ἀναμένεται νὰ ἀνακοινωθοῦν προσεχῶς εἰς τὸ κοινόν. Κατὰ τὴν χθεσινὴν ἡμέραν αἱ ἁρμόδιαι ὑπηρεσίαι συνέχισαν τὸ ἔργον των μὲ ἐντατικὸν ρυθμὸν, ἐνῷ τὰ ἀποτελέσματα ἀναμένεται νὰ ἀνακοινωθοῦν προσεχῶς εἰς τὸ κοινόν.

Κατὰ τὴν χθεσινὴν ἡμέραν αἱ ἁρμόδιαι ὑπηρεσίαι συνέχισαν τὸ ἔργον των μὲ ἐντατικὸν ρυθμὸν, ἐνῷ τὰ ἀποτελέσματα ἀναμένεται νὰ ἀνακοινωθοῦν προσεχῶς εἰς τὸ κοινόν. Κατὰ τὴν χθεσινὴν ἡμέραν αἱ ἁρμόδιαι ὑπηρεσίαι συνέχισαν τὸ ἔργον των μὲ ἐντατικὸν ρυθμὸν, ἐνῷ τὰ ἀποτελέσματα ἀναμένεται νὰ ἀνακοινωθοῦν προσεχῶς εἰς τὸ κοινόν. Κατὰ τὴν χθεσινὴν ἡμέραν αἱ ἁρμόδιαι ὑπηρεσίαι συνέχισαν τὸ ἔργον των μὲ ἐντατικὸν ρυθμὸν, ἐνῷ τὰ ἀποτελέσματα ἀναμένεται νὰ ἀνακοινωθοῦν προσεχῶς εἰς τὸ κοινόν.

Κατὰ τὴν χθεσινὴν ἡμέραν αἱ ἁρμόδιαι ὑπηρεσίαι συνέχισαν τὸ ἔργον των μὲ ἐντατικὸν ρυθμὸν, ἐνῷ τὰ ἀποτελέσματα ἀναμένεται νὰ ἀνακοινωθοῦν προσεχῶς εἰς τὸ κοινόν. Κατὰ τὴν χθεσινὴν ἡμέραν αἱ ἁρμόδιαι ὑπηρεσίαι συνέχισαν τὸ ἔργον των μὲ ἐντατικὸν ρυθμὸν, ἐνῷ τὰ ἀποτελέσματα ἀναμένεται νὰ ἀνακοινωθοῦν προσεχῶς εἰς τὸ κοινόν. Κατὰ τὴν χθεσινὴν ἡμέραν αἱ ἁρμόδιαι ὑπηρεσίαι συνέχισαν τὸ ἔργον των μὲ ἐντατικὸν ρυθμὸν, ἐνῷ τὰ ἀποτελέσματα ἀναμένεται νὰ ἀνακοινωθοῦν προσεχῶς εἰς τὸ κοινόν.

Κατὰ τὴν χθεσινὴν ἡμέραν αἱ ἁρμόδιαι ὑπηρεσίαι συνέχισαν τὸ ἔργον των μὲ ἐντατικὸν ρυθμὸν, ἐνῷ τὰ ἀποτελέσματα ἀναμένεται νὰ ἀνακοινωθοῦν προσεχῶς εἰς τὸ κοινόν. Κατὰ τὴν χθεσινὴν ἡμέραν αἱ ἁρμόδιαι ὑπηρεσίαι συνέχισαν τὸ ἔργον των μὲ ἐντατικὸν ρυθμὸν, ἐνῷ τὰ ἀποτελέσματα ἀναμένεται νὰ ἀνακοινωθοῦν προσεχῶς εἰς τὸ κοινόν. Κατὰ τὴν χθεσινὴν ἡμέραν αἱ ἁρμόδιαι ὑπηρεσίαι συνέχισαν τὸ ἔργον των μὲ ἐντατικὸν ρυθμὸν, ἐνῷ τὰ ἀποτελέσματα ἀναμένεται νὰ ἀνακοινωθοῦν προσεχῶς εἰς τὸ κοινόν.

Κατὰ τὴν χθεσινὴν ἡμέραν αἱ ἁρμόδιαι ὑπηρεσίαι συνέχισαν τὸ ἔργον των μὲ ἐντατικὸν ρυθμὸν, ἐνῷ τὰ ἀποτελέσματα ἀναμένεται νὰ ἀνακοινωθοῦν προσεχῶς εἰς τὸ κοινόν. Κατὰ τὴν χθεσινὴν ἡμέραν αἱ ἁρμόδιαι ὑπηρεσίαι συνέχισαν τὸ ἔργον των μὲ ἐντατικὸν ρυθμὸν, ἐνῷ τὰ ἀποτελέσματα ἀναμένεται νὰ ἀνακοινωθοῦν προσεχῶς εἰς τὸ κοινόν. Κατὰ τὴν χθεσινὴν ἡμέραν αἱ ἁρμόδιαι ὑπηρεσίαι συνέχισαν τὸ ἔργον των μὲ ἐντατικὸν ρυθμὸν, ἐνῷ τὰ ἀποτελέσματα ἀναμένεται νὰ ἀνακοινωθοῦν προσεχῶς εἰς τὸ κοινόν.

Κατὰ τὴν χθεσινὴν ἡμέραν αἱ ἁρμόδιαι ὑπηρεσίαι συνέχισαν τὸ ἔργον των μὲ ἐντατικὸν ρυθμὸν, ἐνῷ τὰ ἀποτελέσματα ἀναμένεται νὰ ἀνακοινωθοῦν προσεχῶς εἰς τὸ κοινόν. Κατὰ τὴν χθεσινὴν ἡμέραν αἱ ἁρμόδιαι ὑπηρεσίαι συνέχισαν τὸ ἔργον των μὲ ἐντατικὸν ρυθμὸν, ἐνῷ τὰ ἀποτελέσματα ἀναμένεται νὰ ἀνακοινωθοῦν προσεχῶς εἰς τὸ κοινόν. Κατὰ τὴν χθεσινὴν ἡμέραν αἱ ἁρμόδιαι ὑπηρεσίαι συνέχισαν τὸ ἔργον των μὲ ἐντατικὸν ρυθμὸν, ἐνῷ τὰ ἀποτελέσματα ἀναμένεται νὰ ἀνακοινωθοῦν προσεχῶς εἰς τὸ κοινόν.

Κατὰ τὴν χθεσινὴν ἡμέραν αἱ ἁρμόδιαι ὑπηρεσίαι συνέχισαν τὸ ἔργον των μὲ ἐντατικὸν ρυθμὸν, ἐνῷ τὰ ἀποτελέσματα ἀναμένεται νὰ ἀνακοινωθοῦν προσεχῶς εἰς τὸ κοινόν. Κατὰ τὴν χθεσινὴν ἡμέραν αἱ ἁρμόδιαι ὑπηρεσίαι συνέχισαν τὸ ἔργον των μὲ ἐντατικὸν ρυθμὸν, ἐνῷ τὰ ἀποτελέσματα ἀναμένεται νὰ ἀνακοινωθοῦν προσεχῶς εἰς τὸ κοινόν. Κατὰ τὴν χθεσινὴν ἡμέραν αἱ ἁρμόδιαι ὑπηρεσίαι συνέχισαν τὸ ἔργον των μὲ ἐντατικὸν ρυθμὸν, ἐνῷ τὰ ἀποτελέσματα ἀναμένεται νὰ ἀνακοινωθοῦν προσεχῶς εἰς τὸ κοινόν.

Κατὰ τὴν χθεσινὴν ἡμέραν αἱ ἁρμόδιαι ὑπηρεσίαι συνέχισαν τὸ ἔργον των μὲ ἐντατικὸν ρυθμὸν, ἐνῷ τὰ ἀποτελέσματα ἀναμένεται νὰ ἀνακοινωθοῦν προσεχῶς εἰς τὸ κοινόν. Κατὰ τὴν χθεσινὴν ἡμέραν αἱ ἁρμόδιαι ὑπηρεσίαι συνέχισαν τὸ ἔργον των μὲ ἐντατικὸν ρυθμὸν, ἐνῷ τὰ ἀποτελέσματα ἀναμένεται νὰ ἀνακοινωθοῦν προσεχῶς εἰς τὸ κοινόν. Κατὰ τὴν χθεσινὴν ἡμέραν αἱ ἁρμόδιαι ὑπηρεσίαι συνέχισαν τὸ ἔργον των μὲ ἐντατικὸν ρυθμὸν, ἐνῷ τὰ ἀποτελέσματα ἀναμένεται νὰ ἀνακοινωθοῦν προσεχῶς εἰς τὸ κοινόν.

Κατὰ τὴν χθεσινὴν ἡμέραν αἱ ἁρμόδιαι ὑπηρεσίαι συνέχισαν τὸ ἔργον των μὲ ἐντατικὸν ρυθμὸν, ἐνῷ τὰ ἀποτελέσματα ἀναμένεται νὰ ἀνακοινωθοῦν προσεχῶς εἰς τὸ κοινόν. Κατὰ τὴν χθεσινὴν ἡμέραν αἱ ἁρμόδιαι ὑπηρεσίαι συνέχισαν τὸ ἔργον των μὲ ἐντατικὸν ρυθμὸν, ἐνῷ τὰ ἀποτελέσματα ἀναμένεται νὰ ἀνακοινωθοῦν προσεχῶς εἰς τὸ κοινόν. Κατὰ τὴν χθεσινὴν ἡμέραν αἱ ἁρμόδιαι ὑπηρεσίαι συνέχισαν τὸ ἔργον των μὲ ἐντατικὸν ρυθμὸν, ἐνῷ τὰ ἀποτελέσματα ἀναμένεται νὰ ἀνακοινωθοῦν προσεχῶς εἰς τὸ κοινόν.

Κατὰ τὴν χθεσινὴν ἡμέραν αἱ ἁρμόδιαι ὑπηρεσίαι συνέχισαν τὸ ἔργον των μὲ ἐντατικὸν ρυθμὸν, ἐνῷ τὰ ἀποτελέσματα ἀναμένεται νὰ ἀνακοινωθοῦν προσεχῶς εἰς τὸ κοινόν. Κατὰ τὴν χθεσινὴν ἡμέραν αἱ ἁρμόδιαι ὑπηρεσίαι συνέχισαν τὸ ἔργον των μὲ ἐντατικὸν ρυθμὸν, ἐνῷ τὰ ἀποτελέσματα ἀναμένεται νὰ ἀνακοινωθοῦν προσεχῶς εἰς τὸ κοινόν. Κατὰ τὴν χθεσινὴν ἡμέραν αἱ ἁρμόδιαι ὑπηρεσίαι συνέχισαν τὸ ἔργον των μὲ ἐντατικὸν ρυθμὸν, ἐνῷ τὰ ἀποτελέσματα ἀναμένεται νὰ ἀνακοινωθοῦν προσεχῶς εἰς τὸ κοινόν.

Κατὰ τὴν χθεσινὴν ἡμέραν αἱ ἁρμόδιαι ὑπηρεσίαι συνέχισαν τὸ ἔργον των μὲ ἐντατικὸν ρυθμὸν, ἐνῷ τὰ ἀποτελέσματα ἀναμένεται νὰ ἀνακοινωθοῦν προσεχῶς εἰς τὸ κοινόν. Κατὰ τὴν χθεσινὴν ἡμέραν αἱ ἁρμόδιαι ὑπηρεσίαι συνέχισαν τὸ ἔργον των μὲ ἐντατικὸν ρυθμὸν, ἐνῷ τὰ ἀποτελέσματα ἀναμένεται νὰ ἀνακοινωθοῦν προσεχῶς εἰς τὸ κοινόν. Κατὰ τὴν χθεσινὴν ἡμέραν αἱ ἁρμόδιαι ὑπηρεσίαι συνέχισαν τὸ ἔργον των μὲ ἐντατικὸν ρυθμὸν, ἐνῷ τὰ ἀποτελέσματα ἀναμένεται νὰ ἀνακοινωθοῦν προσεχῶς εἰς τὸ κοινόν.

Κατὰ τὴν χθεσινὴν ἡμέραν αἱ ἁρμόδιαι ὑπηρεσίαι συνέχισαν τὸ ἔργον των μὲ ἐντατικὸν ρυθμὸν, ἐνῷ τὰ ἀποτελέσματα ἀναμένεται νὰ ἀνακοινωθοῦν προσεχῶς εἰς τὸ κοινόν. Κατὰ τὴν χθεσινὴν ἡμέραν αἱ ἁρμόδιαι ὑπηρεσίαι συνέχισαν τὸ ἔργον των μὲ ἐντατικὸν ρυθμὸν, ἐνῷ τὰ ἀποτελέσματα ἀναμένεται νὰ ἀνακοινωθοῦν προσεχῶς εἰς τὸ κοινόν. Κατὰ τὴν χθεσινὴν ἡμέραν αἱ ἁρμόδιαι ὑπηρεσίαι συνέχισαν τὸ ἔργον των μὲ ἐντατικὸν ρυθμὸν, ἐνῷ τὰ ἀποτελέσματα ἀναμένεται νὰ ἀνακοινωθοῦν προσεχῶς εἰς τὸ κοινόν.

Κατὰ τὴν χθεσινὴν ἡμέραν αἱ ἁρμόδιαι ὑπηρεσίαι συνέχισαν τὸ ἔργον των μὲ ἐντατικὸν ρυθμὸν, ἐνῷ τὰ ἀποτελέσματα ἀναμένεται νὰ ἀνακοινωθοῦν προσεχῶς εἰς τὸ κοινόν. Κατὰ τὴν χθεσινὴν ἡμέραν αἱ ἁρμόδιαι ὑπηρεσίαι συνέχισαν τὸ ἔργον των μὲ ἐντατικὸν ρυθμὸν, ἐνῷ τὰ ἀποτελέσματα ἀναμένεται νὰ ἀνακοινωθοῦν προσεχῶς εἰς τὸ κοινόν. Κατὰ τὴν χθεσινὴν ἡμέραν αἱ ἁρμόδιαι ὑπηρεσίαι συνέχισαν τὸ ἔργον των μὲ ἐντατικὸν ρυθμὸν, ἐνῷ τὰ ἀποτελέσματα ἀναμένεται νὰ ἀνακοινωθοῦν προσεχῶς εἰς τὸ κοινόν.

Κατὰ τὴν χθεσινὴν ἡμέραν αἱ ἁρμόδιαι ὑπηρεσίαι συνέχισαν τὸ ἔργον των μὲ ἐντατικὸν ρυθμὸν, ἐνῷ τὰ ἀποτελέσματα ἀναμένεται νὰ ἀνακοινωθοῦν προσεχῶς εἰς τὸ κοινόν. Κατὰ τὴν χθεσινὴν ἡμέραν αἱ ἁρμόδιαι ὑπηρεσίαι συνέχισαν τὸ ἔργον των μὲ ἐντατικὸν ρυθμὸν, ἐνῷ τὰ ἀποτελέσματα ἀναμένεται νὰ ἀνακοινωθοῦν προσεχῶς εἰς τὸ κοινόν. Κατὰ τὴν χθεσινὴν ἡμέραν αἱ ἁρμόδιαι ὑπηρεσίαι συνέχισαν τὸ ἔργον των μὲ ἐντατικὸν ρυθμὸν, ἐνῷ τὰ ἀποτελέσματα ἀναμένεται νὰ ἀνακοινωθοῦν προσεχῶς εἰς τὸ κοινόν.

Κατὰ τὴν χθεσινὴν ἡμέραν αἱ ἁρμόδιαι ὑπηρεσίαι συνέχισαν τὸ ἔργον των μὲ ἐντατικὸν ρυθμὸν, ἐνῷ τὰ ἀποτελέσματα ἀναμένεται νὰ ἀνακοινωθοῦν προσεχῶς εἰς τὸ κοινόν. Κατὰ τὴν χθεσινὴν ἡμέραν αἱ ἁρμόδιαι ὑπηρεσίαι συνέχισαν τὸ ἔργον των μὲ ἐντατικὸν ρυθμὸν, ἐνῷ τὰ ἀποτελέσματα ἀναμένεται νὰ ἀνακοινωθοῦν προσεχῶς εἰς τὸ κοινόν. Κατὰ τὴν χθεσινὴν ἡμέραν αἱ ἁρμόδιαι ὑπηρεσίαι συνέχισαν τὸ ἔργον των μὲ ἐντατικὸν ρυθμὸν, ἐνῷ τὰ ἀποτελέσματα ἀναμένεται νὰ ἀνακοινωθοῦν προσεχῶς εἰς τὸ κοινόν.

Κατὰ τὴν χθεσινὴν ἡμέραν αἱ ἁρμόδιαι ὑπηρεσίαι συνέχισαν τὸ ἔργον των μὲ ἐντατικὸν ρυθμὸν, ἐνῷ τὰ ἀποτελέσματα ἀναμένεται νὰ ἀνακοινωθοῦν προσεχῶς εἰς τὸ κοινόν. Κατὰ τὴν χθεσινὴν ἡμέραν αἱ ἁρμόδιαι ὑπηρεσίαι συνέχισαν τὸ ἔργον των μὲ ἐντατικὸν ρυθμὸν, ἐνῷ τὰ ἀποτελέσματα ἀναμένεται νὰ ἀνακοινωθοῦν προσεχῶς εἰς τὸ κοινόν. Κατὰ τὴν χθεσινὴν ἡμέραν αἱ ἁρμόδιαι ὑπηρεσίαι συνέχισαν τὸ ἔργον των μὲ ἐντατικὸν ρυθμὸν, ἐνῷ τὰ ἀποτελέσματα ἀναμένεται νὰ ἀνακοινωθοῦν προσεχῶς εἰς τὸ κοινόν.

Κατὰ τὴν χθεσινὴν ἡμέραν αἱ ἁρμόδιαι ὑπηρεσίαι συνέχισαν τὸ ἔργον των μὲ ἐντατικὸν ρυθμὸν, ἐνῷ τὰ ἀποτελέσματα ἀναμένεται νὰ ἀνακοινωθοῦν προσεχῶς εἰς τὸ κοινόν. Κατὰ τὴν χθεσινὴν ἡμέραν αἱ ἁρμόδιαι ὑπηρεσίαι συνέχισαν τὸ ἔργον των μὲ ἐντατικὸν ρυθμὸν, ἐνῷ τὰ ἀποτελέσματα ἀναμένεται νὰ ἀνακοινωθοῦν προσεχῶς εἰς τὸ κοινόν. Κατὰ τὴν χθεσινὴν ἡμέραν αἱ ἁρμόδιαι ὑπηρεσίαι συνέχισαν τὸ ἔργον των μὲ ἐντατικὸν ρυθμὸν, ἐνῷ τὰ ἀποτελέσματα ἀναμένεται νὰ ἀνακοινωθοῦν προσεχῶς εἰς τὸ κοινόν.

Κατὰ τὴν χθεσινὴν ἡμέραν αἱ ἁρμόδιαι ὑπηρεσίαι συνέχισαν τὸ ἔργον των μὲ ἐντατικὸν ρυθμὸν, ἐνῷ τὰ ἀποτελέσματα ἀναμένεται νὰ ἀνακοινωθοῦν προσεχῶς εἰς τὸ κοινόν. Κατὰ τὴν χθεσινὴν ἡμέραν αἱ ἁρμόδιαι ὑπηρεσίαι συνέχισαν τὸ ἔργον των μὲ ἐντατικὸν ρυθμὸν, ἐνῷ τὰ ἀποτελέσματα ἀναμένεται νὰ ἀνακοινωθοῦν προσεχῶς εἰς τὸ κοινόν. Κατὰ τὴν χθεσινὴν ἡμέραν αἱ ἁρμόδιαι ὑπηρεσίαι συνέχισαν τὸ ἔργον των μὲ ἐντατικὸν ρυθμὸν, ἐνῷ τὰ ἀποτελέσματα ἀναμένεται νὰ ἀνακοινωθοῦν προσεχῶς εἰς τὸ κοινόν.

Κατὰ τὴν χθεσινὴν ἡμέραν αἱ ἁρμόδιαι ὑπηρεσίαι συνέχισαν τὸ ἔργον των μὲ ἐντατικὸν ρυθμὸν, ἐνῷ τὰ ἀποτελέσματα ἀναμένεται νὰ ἀνακοινωθοῦν προσεχῶς εἰς τὸ κοινόν. Κατὰ τὴν χθεσινὴν ἡμέραν αἱ ἁρμόδιαι ὑπηρεσίαι συνέχισαν τὸ ἔργον των μὲ ἐντατικὸν ρυθμὸν, ἐνῷ τὰ ἀποτελέσματα ἀναμένεται νὰ ἀνακοινωθοῦν προσεχῶς εἰς τὸ κοινόν. Κατὰ τὴν χθεσινὴν ἡμέραν αἱ ἁρμόδιαι ὑπηρεσίαι συνέχισαν τὸ ἔργον των μὲ ἐντατικὸν ρυθμὸν, ἐνῷ τὰ ἀποτελέσματα ἀναμένεται νὰ ἀνακοινωθοῦν προσεχῶς εἰς τὸ κοινόν.

Κατὰ τὴν χθεσινὴν ἡμέραν αἱ ἁρμόδιαι ὑπηρεσίαι συνέχισαν τὸ ἔργον των μὲ ἐντατικὸν ρυθμὸν, ἐνῷ τὰ ἀποτελέσματα ἀναμένεται νὰ ἀνακοινωθοῦν προσεχῶς εἰς τὸ κοινόν. Κατὰ τὴν χθεσινὴν ἡμέραν αἱ ἁρμόδιαι ὑπηρεσίαι συνέχισαν τὸ ἔργον των μὲ ἐντατικὸν ρυθμὸν, ἐνῷ τὰ ἀποτελέσματα ἀναμένεται νὰ ἀνακοινωθοῦν προσεχῶς εἰς τὸ κοινόν. Κατὰ τὴν χθεσινὴν ἡμέραν αἱ ἁρμόδιαι ὑπηρεσίαι συνέχισαν τὸ ἔργον των μὲ ἐντατικὸν ρυθμὸν, ἐνῷ τὰ ἀποτελέσματα ἀναμένεται νὰ ἀνακοινωθοῦν προσεχῶς εἰς τὸ κοινόν.

Κατὰ τὴν χθεσινὴν ἡμέραν αἱ ἁρμόδιαι ὑπηρεσίαι συνέχισαν τὸ ἔργον των μὲ ἐντατικὸν ρυθμὸν, ἐνῷ τὰ ἀποτελέσματα ἀναμένεται νὰ ἀνακοινωθοῦν προσεχῶς εἰς τὸ κοινόν. Κατὰ τὴν χθεσινὴν ἡμέραν αἱ ἁρμόδιαι ὑπηρεσίαι συνέχισαν τὸ ἔργον των μὲ ἐντατικὸν ρυθμὸν, ἐνῷ τὰ ἀποτελέσματα ἀναμένεται νὰ ἀνακοινωθοῦν προσεχῶς εἰς τὸ κοινόν. Κατὰ τὴν χθεσινὴν ἡμέραν αἱ ἁρμόδιαι ὑπηρεσίαι συνέχισαν τὸ ἔργον των μὲ ἐντατικὸν ρυθμὸν, ἐνῷ τὰ ἀποτελέσματα ἀναμένεται νὰ ἀνακοινωθοῦν προσεχῶς εἰς τὸ κοινόν.

Κατὰ τὴν χθεσινὴν ἡμέραν αἱ ἁρμόδιαι ὑπηρεσίαι συνέχισαν τὸ ἔργον των μὲ ἐντατικὸν ρυθμὸν, ἐνῷ τὰ ἀποτελέσματα ἀναμένεται νὰ ἀνακοινωθοῦν προσεχῶς εἰς τὸ κοινόν. Κατὰ τὴν χθεσινὴν ἡμέραν αἱ ἁρμόδιαι ὑπηρεσίαι συνέχισαν τὸ ἔργον των μὲ ἐντατικὸν ρυθμὸν, ἐνῷ τὰ ἀποτελέσματα ἀναμένεται νὰ ἀνακοινωθοῦν προσεχῶς εἰς τὸ κοινόν. Κατὰ τὴν χθεσινὴν ἡμέραν αἱ ἁρμόδιαι ὑπηρεσίαι συνέχισαν τὸ ἔργον των μὲ ἐντατικὸν ρυθμὸν, ἐνῷ τὰ ἀποτελέσματα ἀναμένεται νὰ ἀνακοινωθοῦν προσεχῶς εἰς τὸ κοινόν.

Κατὰ τὴν χθεσινὴν ἡμέραν αἱ ἁρμόδιαι ὑπηρεσίαι συνέχισαν τὸ ἔργον των μὲ ἐντατικὸν ρυθμὸν, ἐνῷ τὰ ἀποτελέσματα ἀναμένεται νὰ ἀνακοινωθοῦν προσεχῶς εἰς τὸ κοινόν. Κατὰ τὴν χθεσινὴν ἡμέραν αἱ ἁρμόδιαι ὑπηρεσίαι συνέχισαν τὸ ἔργον των μὲ ἐντατικὸν ρυθμὸν, ἐνῷ τὰ ἀποτελέσματα ἀναμένεται νὰ ἀνακοινωθοῦν προσεχῶς εἰς τὸ κοινόν. Κατὰ τὴν χθεσινὴν ἡμέραν αἱ ἁρμόδιαι ὑπηρεσίαι συνέχισαν τὸ ἔργον των μὲ ἐντατικὸν ρυθμὸν, ἐνῷ τὰ ἀποτελέσματα ἀναμένεται νὰ ἀνακοινωθοῦν προσεχῶς εἰς τὸ κοινόν.
